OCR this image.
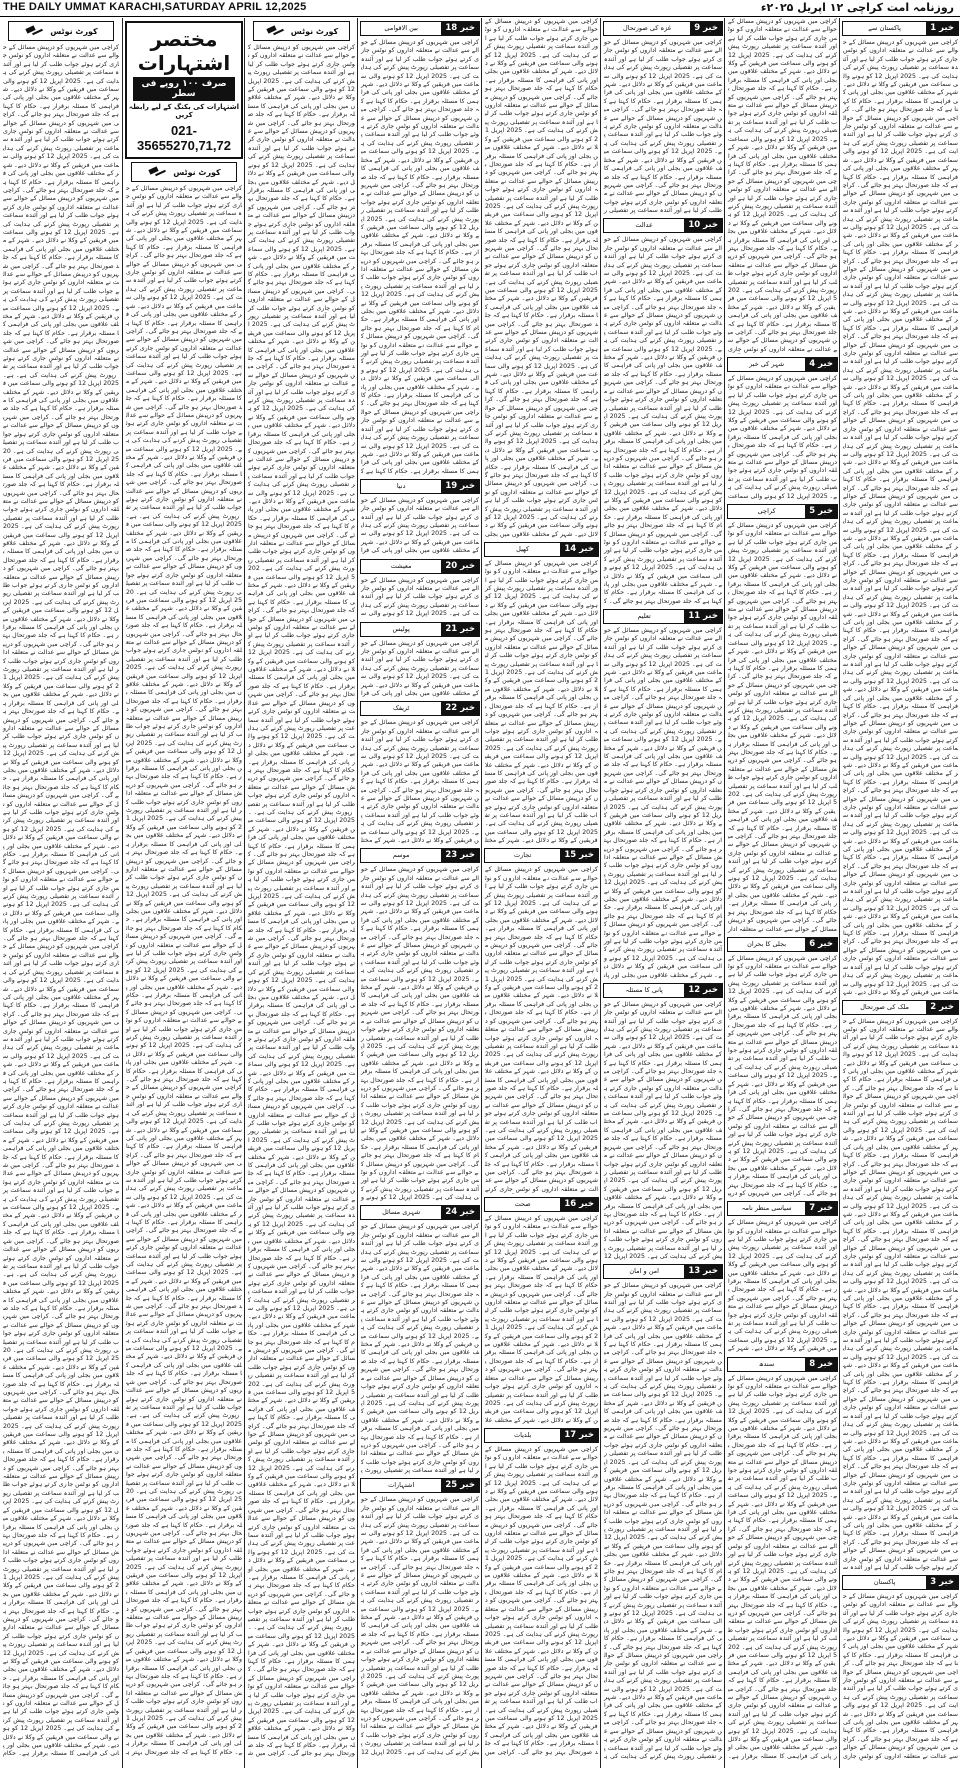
THE DAILY UMMAT KARACHI,SATURDAY APRIL 12,2025	روزنامہ امت کراچی ۱۲ اپریل ۲۰۲۵ء
کورٹ نوٹس
کراچی میں شہریوں کو درپیش مسائل کے حوالے سے عدالت نے متعلقہ اداروں کو نوٹس جاری کرتے ہوئے جواب طلب کر لیا ہے اور آئندہ سماعت پر تفصیلی رپورٹ پیش کرنے کی ہدایت کی ہے۔ 2025 اپریل 12 کو ہونے والی سماعت میں فریقین کے وکلا نے دلائل دیے۔ شہر کے مختلف علاقوں میں بجلی اور پانی کی فراہمی کا مسئلہ برقرار ہے۔ حکام کا کہنا ہے کہ جلد صورتحال بہتر ہو جائے گی۔ کراچی میں شہریوں کو درپیش مسائل کے حوالے سے عدالت نے متعلقہ اداروں کو نوٹس جاری کرتے ہوئے جواب طلب کر لیا ہے اور آئندہ سماعت پر تفصیلی رپورٹ پیش کرنے کی ہدایت کی ہے۔ 2025 اپریل 12 کو ہونے والی سماعت میں فریقین کے وکلا نے دلائل دیے۔ شہر کے مختلف علاقوں میں بجلی اور پانی کی فراہمی کا مسئلہ برقرار ہے۔ حکام کا کہنا ہے کہ جلد صورتحال بہتر ہو جائے گی۔ کراچی میں شہریوں کو درپیش مسائل کے حوالے سے عدالت نے متعلقہ اداروں کو نوٹس جاری کرتے ہوئے جواب طلب کر لیا ہے اور آئندہ سماعت پر تفصیلی رپورٹ پیش کرنے کی ہدایت کی ہے۔ 2025 اپریل 12 کو ہونے والی سماعت میں فریقین کے وکلا نے دلائل دیے۔ شہر کے مختلف علاقوں میں بجلی اور پانی کی فراہمی کا مسئلہ برقرار ہے۔ حکام کا کہنا ہے کہ جلد صورتحال بہتر ہو جائے گی۔ کراچی میں شہریوں کو درپیش مسائل کے حوالے سے عدالت نے متعلقہ اداروں کو نوٹس جاری کرتے ہوئے جواب طلب کر لیا ہے اور آئندہ سماعت پر تفصیلی رپورٹ پیش کرنے کی ہدایت کی ہے۔ 2025 اپریل 12 کو ہونے والی سماعت میں فریقین کے وکلا نے دلائل دیے۔ شہر کے مختلف علاقوں میں بجلی اور پانی کی فراہمی کا مسئلہ برقرار ہے۔ حکام کا کہنا ہے کہ جلد صورتحال بہتر ہو جائے گی۔ کراچی میں شہریوں کو درپیش مسائل کے حوالے سے عدالت نے متعلقہ اداروں کو نوٹس جاری کرتے ہوئے جواب طلب کر لیا ہے اور آئندہ سماعت پر تفصیلی رپورٹ پیش کرنے کی ہدایت کی ہے۔ 2025 اپریل 12 کو ہونے والی سماعت میں فریقین کے وکلا نے دلائل دیے۔ شہر کے مختلف علاقوں میں بجلی اور پانی کی فراہمی کا مسئلہ برقرار ہے۔ حکام کا کہنا ہے کہ جلد صورتحال بہتر ہو جائے گی۔ کراچی میں شہریوں کو درپیش مسائل کے حوالے سے عدالت نے متعلقہ اداروں کو نوٹس جاری کرتے ہوئے جواب طلب کر لیا ہے اور آئندہ سماعت پر تفصیلی رپورٹ پیش کرنے کی ہدایت کی ہے۔ 2025 اپریل 12 کو ہونے والی سماعت میں فریقین کے وکلا نے دلائل دیے۔ شہر کے مختلف علاقوں میں بجلی اور پانی کی فراہمی کا مسئلہ برقرار ہے۔ حکام کا کہنا ہے کہ جلد صورتحال بہتر ہو جائے گی۔ کراچی میں شہریوں کو درپیش مسائل کے حوالے سے عدالت نے متعلقہ اداروں کو نوٹس جاری کرتے ہوئے جواب طلب کر لیا ہے اور آئندہ سماعت پر تفصیلی رپورٹ پیش کرنے کی ہدایت کی ہے۔ 2025 اپریل 12 کو ہونے والی سماعت میں فریقین کے وکلا نے دلائل دیے۔ شہر کے مختلف علاقوں میں بجلی اور پانی کی فراہمی کا مسئلہ برقرار ہے۔ حکام کا کہنا ہے کہ جلد صورتحال بہتر ہو جائے گی۔ کراچی میں شہریوں کو درپیش مسائل کے حوالے سے عدالت نے متعلقہ اداروں کو نوٹس جاری کرتے ہوئے جواب طلب کر لیا ہے اور آئندہ سماعت پر تفصیلی رپورٹ پیش کرنے کی ہدایت کی ہے۔ 2025 اپریل 12 کو ہونے والی سماعت میں فریقین کے وکلا نے دلائل دیے۔ شہر کے مختلف علاقوں میں بجلی اور پانی کی فراہمی کا مسئلہ برقرار ہے۔ حکام کا کہنا ہے کہ جلد صورتحال بہتر ہو جائے گی۔ کراچی میں شہریوں کو درپیش مسائل کے حوالے سے عدالت نے متعلقہ اداروں کو نوٹس جاری کرتے ہوئے جواب طلب کر لیا ہے اور آئندہ سماعت پر تفصیلی رپورٹ پیش کرنے کی ہدایت کی ہے۔ 2025 اپریل 12 کو ہونے والی سماعت میں فریقین کے وکلا نے دلائل دیے۔ شہر کے مختلف علاقوں میں بجلی اور پانی کی فراہمی کا مسئلہ برقرار ہے۔ حکام کا کہنا ہے کہ جلد صورتحال بہتر ہو جائے گی۔ کراچی میں شہریوں کو درپیش مسائل کے حوالے سے عدالت نے متعلقہ اداروں کو نوٹس جاری کرتے ہوئے جواب طلب کر لیا ہے اور آئندہ سماعت پر تفصیلی رپورٹ پیش کرنے کی ہدایت کی ہے۔ 2025 اپریل 12 کو ہونے والی سماعت میں فریقین کے وکلا نے دلائل دیے۔ شہر کے مختلف علاقوں میں بجلی اور پانی کی فراہمی کا مسئلہ برقرار ہے۔ حکام کا کہنا ہے کہ جلد صورتحال بہتر ہو جائے گی۔ کراچی میں شہریوں کو درپیش مسائل کے حوالے سے عدالت نے متعلقہ اداروں کو نوٹس جاری کرتے ہوئے جواب طلب کر لیا ہے اور آئندہ سماعت پر تفصیلی رپورٹ پیش کرنے کی ہدایت کی ہے۔ 2025 اپریل 12 کو ہونے والی سماعت میں فریقین کے وکلا نے دلائل دیے۔ شہر کے مختلف علاقوں میں بجلی اور پانی کی فراہمی کا مسئلہ برقرار ہے۔ حکام کا کہنا ہے کہ جلد صورتحال بہتر ہو جائے گی۔ کراچی میں شہریوں کو درپیش مسائل کے حوالے سے عدالت نے متعلقہ اداروں کو نوٹس جاری کرتے ہوئے جواب طلب کر لیا ہے اور آئندہ سماعت پر تفصیلی رپورٹ پیش کرنے کی ہدایت کی ہے۔ 2025 اپریل 12 کو ہونے والی سماعت میں فریقین کے وکلا نے دلائل دیے۔ شہر کے مختلف علاقوں میں بجلی اور پانی کی فراہمی کا مسئلہ برقرار ہے۔ حکام کا کہنا ہے کہ جلد صورتحال بہتر ہو جائے گی۔ کراچی میں شہریوں کو درپیش مسائل کے حوالے سے عدالت نے متعلقہ اداروں کو نوٹس جاری کرتے ہوئے جواب طلب کر لیا ہے اور آئندہ سماعت پر تفصیلی رپورٹ پیش کرنے کی ہدایت کی ہے۔ 2025 اپریل 12 کو ہونے والی سماعت میں فریقین کے وکلا نے دلائل دیے۔ شہر کے مختلف علاقوں میں بجلی اور پانی کی فراہمی کا مسئلہ برقرار ہے۔ حکام کا کہنا ہے کہ جلد صورتحال بہتر ہو جائے گی۔ کراچی میں شہریوں کو درپیش مسائل کے حوالے سے عدالت نے متعلقہ اداروں کو نوٹس جاری کرتے ہوئے جواب طلب کر لیا ہے اور آئندہ سماعت پر تفصیلی رپورٹ پیش کرنے کی ہدایت کی ہے۔ 2025 اپریل 12 کو ہونے والی سماعت میں فریقین کے وکلا نے دلائل دیے۔ شہر کے مختلف علاقوں میں بجلی اور پانی کی فراہمی کا مسئلہ برقرار ہے۔ حکام کا کہنا ہے کہ جلد صورتحال بہتر ہو جائے گی۔ کراچی میں شہریوں کو درپیش مسائل کے حوالے سے عدالت نے متعلقہ اداروں کو نوٹس جاری کرتے ہوئے جواب طلب کر لیا ہے اور آئندہ سماعت پر تفصیلی رپورٹ پیش کرنے کی ہدایت کی ہے۔ 2025 اپریل 12 کو ہونے والی سماعت میں فریقین کے وکلا نے دلائل دیے۔ شہر کے مختلف علاقوں میں بجلی اور پانی کی فراہمی کا مسئلہ برقرار ہے۔ حکام کا کہنا ہے کہ جلد صورتحال بہتر ہو جائے گی۔ کراچی میں شہریوں کو درپیش مسائل کے حوالے سے عدالت نے متعلقہ اداروں کو نوٹس جاری کرتے ہوئے جواب طلب کر لیا ہے اور آئندہ سماعت پر تفصیلی رپورٹ پیش کرنے کی ہدایت کی ہے۔ 2025 اپریل 12 کو ہونے والی سماعت میں فریقین کے وکلا نے دلائل دیے۔ شہر کے مختلف علاقوں میں بجلی اور پانی کی فراہمی کا مسئلہ برقرار ہے۔ حکام کا کہنا ہے کہ جلد صورتحال بہتر ہو جائے گی۔ کراچی میں شہریوں کو درپیش مسائل کے حوالے سے عدالت نے متعلقہ اداروں کو نوٹس جاری کرتے ہوئے جواب طلب کر لیا ہے اور آئندہ سماعت پر تفصیلی رپورٹ پیش کرنے کی ہدایت کی ہے۔ 2025 اپریل 12 کو ہونے والی سماعت میں فریقین کے وکلا نے دلائل دیے۔ شہر کے مختلف علاقوں میں بجلی اور پانی کی فراہمی کا مسئلہ برقرار ہے۔ حکام کا کہنا ہے کہ جلد صورتحال بہتر ہو جائے گی۔ کراچی میں شہریوں کو درپیش مسائل کے حوالے سے عدالت نے متعلقہ اداروں کو نوٹس جاری کرتے ہوئے جواب طلب کر لیا ہے اور آئندہ سماعت پر تفصیلی رپورٹ پیش کرنے کی ہدایت کی ہے۔ 2025 اپریل 12 کو ہونے والی سماعت میں فریقین کے وکلا نے دلائل دیے۔ شہر کے مختلف علاقوں میں بجلی اور پانی کی فراہمی کا مسئلہ برقرار ہے۔ حکام کا کہنا ہے کہ جلد صورتحال بہتر ہو جائے گی۔ کراچی میں شہریوں کو درپیش مسائل کے حوالے سے عدالت نے متعلقہ اداروں کو نوٹس جاری کرتے ہوئے جواب طلب کر لیا ہے اور آئندہ سماعت پر تفصیلی رپورٹ پیش کرنے کی ہدایت کی ہے۔ 2025 اپریل 12 کو ہونے والی سماعت میں فریقین کے وکلا نے دلائل دیے۔ شہر کے مختلف علاقوں میں بجلی اور پانی کی فراہمی کا مسئلہ برقرار ہے۔ حکام کا کہنا ہے کہ جلد صورتحال بہتر ہو جائے گی۔ کراچی میں شہریوں کو درپیش مسائل کے حوالے سے عدالت نے متعلقہ اداروں کو نوٹس جاری کرتے ہوئے جواب طلب کر لیا ہے اور آئندہ سماعت پر تفصیلی رپورٹ پیش کرنے کی ہدایت کی ہے۔ 2025 اپریل 12 کو ہونے والی سماعت میں فریقین کے وکلا نے دلائل دیے۔ شہر کے مختلف علاقوں میں بجلی اور پانی کی فراہمی کا مسئلہ برقرار ہے۔ حکام کا کہنا ہے کہ جلد صورتحال بہتر ہو جائے گی۔ کراچی میں شہریوں کو درپیش مسائل کے حوالے سے عدالت نے متعلقہ اداروں کو نوٹس جاری کرتے ہوئے جواب طلب کر لیا ہے اور آئندہ سماعت پر تفصیلی رپورٹ پیش کرنے کی ہدایت کی ہے۔ 2025 اپریل 12 کو ہونے والی سماعت میں فریقین کے وکلا نے دلائل دیے۔ شہر کے مختلف علاقوں میں بجلی اور پانی کی فراہمی کا مسئلہ برقرار ہے۔ حکام کا کہنا ہے کہ جلد صورتحال بہتر ہو جائے گی۔ کراچی میں شہریوں کو درپیش مسائل کے حوالے سے عدالت نے متعلقہ اداروں کو نوٹس جاری کرتے ہوئے جواب طلب کر لیا ہے اور آئندہ سماعت پر تفصیلی رپورٹ پیش کرنے کی ہدایت کی ہے۔ 2025 اپریل 12 کو ہونے والی سماعت میں فریقین کے وکلا نے دلائل دیے۔ شہر کے مختلف علاقوں میں بجلی اور پانی کی فراہمی کا مسئلہ برقرار ہے۔ حکام کا کہنا ہے کہ جلد صورتحال بہتر ہو جائے گی۔ کراچی میں شہریوں کو درپیش مسائل کے حوالے سے عدالت نے متعلقہ اداروں کو نوٹس جاری کرتے ہوئے جواب طلب کر لیا ہے اور آئندہ سماعت پر تفصیلی رپورٹ پیش کرنے کی ہدایت کی ہے۔ 2025 اپریل 12 کو ہونے والی سماعت میں فریقین کے وکلا نے دلائل دیے۔ شہر کے مختلف علاقوں میں بجلی اور پانی کی فراہمی کا مسئلہ برقرار ہے۔ حکام
مختصر اشتہارات
صرف ۱۰۰ روپے فی سطر
اشتہارات کی بکنگ کے لیے رابطہ کریں
021-35655270,71,72
کورٹ نوٹس
کراچی میں شہریوں کو درپیش مسائل کے حوالے سے عدالت نے متعلقہ اداروں کو نوٹس جاری کرتے ہوئے جواب طلب کر لیا ہے اور آئندہ سماعت پر تفصیلی رپورٹ پیش کرنے کی ہدایت کی ہے۔ 2025 اپریل 12 کو ہونے والی سماعت میں فریقین کے وکلا نے دلائل دیے۔ شہر کے مختلف علاقوں میں بجلی اور پانی کی فراہمی کا مسئلہ برقرار ہے۔ حکام کا کہنا ہے کہ جلد صورتحال بہتر ہو جائے گی۔ کراچی میں شہریوں کو درپیش مسائل کے حوالے سے عدالت نے متعلقہ اداروں کو نوٹس جاری کرتے ہوئے جواب طلب کر لیا ہے اور آئندہ سماعت پر تفصیلی رپورٹ پیش کرنے کی ہدایت کی ہے۔ 2025 اپریل 12 کو ہونے والی سماعت میں فریقین کے وکلا نے دلائل دیے۔ شہر کے مختلف علاقوں میں بجلی اور پانی کی فراہمی کا مسئلہ برقرار ہے۔ حکام کا کہنا ہے کہ جلد صورتحال بہتر ہو جائے گی۔ کراچی میں شہریوں کو درپیش مسائل کے حوالے سے عدالت نے متعلقہ اداروں کو نوٹس جاری کرتے ہوئے جواب طلب کر لیا ہے اور آئندہ سماعت پر تفصیلی رپورٹ پیش کرنے کی ہدایت کی ہے۔ 2025 اپریل 12 کو ہونے والی سماعت میں فریقین کے وکلا نے دلائل دیے۔ شہر کے مختلف علاقوں میں بجلی اور پانی کی فراہمی کا مسئلہ برقرار ہے۔ حکام کا کہنا ہے کہ جلد صورتحال بہتر ہو جائے گی۔ کراچی میں شہریوں کو درپیش مسائل کے حوالے سے عدالت نے متعلقہ اداروں کو نوٹس جاری کرتے ہوئے جواب طلب کر لیا ہے اور آئندہ سماعت پر تفصیلی رپورٹ پیش کرنے کی ہدایت کی ہے۔ 2025 اپریل 12 کو ہونے والی سماعت میں فریقین کے وکلا نے دلائل دیے۔ شہر کے مختلف علاقوں میں بجلی اور پانی کی فراہمی کا مسئلہ برقرار ہے۔ حکام کا کہنا ہے کہ جلد صورتحال بہتر ہو جائے گی۔ کراچی میں شہریوں کو درپیش مسائل کے حوالے سے عدالت نے متعلقہ اداروں کو نوٹس جاری کرتے ہوئے جواب طلب کر لیا ہے اور آئندہ سماعت پر تفصیلی رپورٹ پیش کرنے کی ہدایت کی ہے۔ 2025 اپریل 12 کو ہونے والی سماعت میں فریقین کے وکلا نے دلائل دیے۔ شہر کے مختلف علاقوں میں بجلی اور پانی کی فراہمی کا مسئلہ برقرار ہے۔ حکام کا کہنا ہے کہ جلد صورتحال بہتر ہو جائے گی۔ کراچی میں شہریوں کو درپیش مسائل کے حوالے سے عدالت نے متعلقہ اداروں کو نوٹس جاری کرتے ہوئے جواب طلب کر لیا ہے اور آئندہ سماعت پر تفصیلی رپورٹ پیش کرنے کی ہدایت کی ہے۔ 2025 اپریل 12 کو ہونے والی سماعت میں فریقین کے وکلا نے دلائل دیے۔ شہر کے مختلف علاقوں میں بجلی اور پانی کی فراہمی کا مسئلہ برقرار ہے۔ حکام کا کہنا ہے کہ جلد صورتحال بہتر ہو جائے گی۔ کراچی میں شہریوں کو درپیش مسائل کے حوالے سے عدالت نے متعلقہ اداروں کو نوٹس جاری کرتے ہوئے جواب طلب کر لیا ہے اور آئندہ سماعت پر تفصیلی رپورٹ پیش کرنے کی ہدایت کی ہے۔ 2025 اپریل 12 کو ہونے والی سماعت میں فریقین کے وکلا نے دلائل دیے۔ شہر کے مختلف علاقوں میں بجلی اور پانی کی فراہمی کا مسئلہ برقرار ہے۔ حکام کا کہنا ہے کہ جلد صورتحال بہتر ہو جائے گی۔ کراچی میں شہریوں کو درپیش مسائل کے حوالے سے عدالت نے متعلقہ اداروں کو نوٹس جاری کرتے ہوئے جواب طلب کر لیا ہے اور آئندہ سماعت پر تفصیلی رپورٹ پیش کرنے کی ہدایت کی ہے۔ 2025 اپریل 12 کو ہونے والی سماعت میں فریقین کے وکلا نے دلائل دیے۔ شہر کے مختلف علاقوں میں بجلی اور پانی کی فراہمی کا مسئلہ برقرار ہے۔ حکام کا کہنا ہے کہ جلد صورتحال بہتر ہو جائے گی۔ کراچی میں شہریوں کو درپیش مسائل کے حوالے سے عدالت نے متعلقہ اداروں کو نوٹس جاری کرتے ہوئے جواب طلب کر لیا ہے اور آئندہ سماعت پر تفصیلی رپورٹ پیش کرنے کی ہدایت کی ہے۔ 2025 اپریل 12 کو ہونے والی سماعت میں فریقین کے وکلا نے دلائل دیے۔ شہر کے مختلف علاقوں میں بجلی اور پانی کی فراہمی کا مسئلہ برقرار ہے۔ حکام کا کہنا ہے کہ جلد صورتحال بہتر ہو جائے گی۔ کراچی میں شہریوں کو درپیش مسائل کے حوالے سے عدالت نے متعلقہ اداروں کو نوٹس جاری کرتے ہوئے جواب طلب کر لیا ہے اور آئندہ سماعت پر تفصیلی رپورٹ پیش کرنے کی ہدایت کی ہے۔ 2025 اپریل 12 کو ہونے والی سماعت میں فریقین کے وکلا نے دلائل دیے۔ شہر کے مختلف علاقوں میں بجلی اور پانی کی فراہمی کا مسئلہ برقرار ہے۔ حکام کا کہنا ہے کہ جلد صورتحال بہتر ہو جائے گی۔ کراچی میں شہریوں کو درپیش مسائل کے حوالے سے عدالت نے متعلقہ اداروں کو نوٹس جاری کرتے ہوئے جواب طلب کر لیا ہے اور آئندہ سماعت پر تفصیلی رپورٹ پیش کرنے کی ہدایت کی ہے۔ 2025 اپریل 12 کو ہونے والی سماعت میں فریقین کے وکلا نے دلائل دیے۔ شہر کے مختلف علاقوں میں بجلی اور پانی کی فراہمی کا مسئلہ برقرار ہے۔ حکام کا کہنا ہے کہ جلد صورتحال بہتر ہو جائے گی۔ کراچی میں شہریوں کو درپیش مسائل کے حوالے سے عدالت نے متعلقہ اداروں کو نوٹس جاری کرتے ہوئے جواب طلب کر لیا ہے اور آئندہ سماعت پر تفصیلی رپورٹ پیش کرنے کی ہدایت کی ہے۔ 2025 اپریل 12 کو ہونے والی سماعت میں فریقین کے وکلا نے دلائل دیے۔ شہر کے مختلف علاقوں میں بجلی اور پانی کی فراہمی کا مسئلہ برقرار ہے۔ حکام کا کہنا ہے کہ جلد صورتحال بہتر ہو جائے گی۔ کراچی میں شہریوں کو درپیش مسائل کے حوالے سے عدالت نے متعلقہ اداروں کو نوٹس جاری کرتے ہوئے جواب طلب کر لیا ہے اور آئندہ سماعت پر تفصیلی رپورٹ پیش کرنے کی ہدایت کی ہے۔ 2025 اپریل 12 کو ہونے والی سماعت میں فریقین کے وکلا نے دلائل دیے۔ شہر کے مختلف علاقوں میں بجلی اور پانی کی فراہمی کا مسئلہ برقرار ہے۔ حکام کا کہنا ہے کہ جلد صورتحال بہتر ہو جائے گی۔ کراچی میں شہریوں کو درپیش مسائل کے حوالے سے عدالت نے متعلقہ اداروں کو نوٹس جاری کرتے ہوئے جواب طلب کر لیا ہے اور آئندہ سماعت پر تفصیلی رپورٹ پیش کرنے کی ہدایت کی ہے۔ 2025 اپریل 12 کو ہونے والی سماعت میں فریقین کے وکلا نے دلائل دیے۔ شہر کے مختلف علاقوں میں بجلی اور پانی کی فراہمی کا مسئلہ برقرار ہے۔ حکام کا کہنا ہے کہ جلد صورتحال بہتر ہو جائے گی۔ کراچی میں شہریوں کو درپیش مسائل کے حوالے سے عدالت نے متعلقہ اداروں کو نوٹس جاری کرتے ہوئے جواب طلب کر لیا ہے اور آئندہ سماعت پر تفصیلی رپورٹ پیش کرنے کی ہدایت کی ہے۔ 2025 اپریل 12 کو ہونے والی سماعت میں فریقین کے وکلا نے دلائل دیے۔ شہر کے مختلف علاقوں میں بجلی اور پانی کی فراہمی کا مسئلہ برقرار ہے۔ حکام کا کہنا ہے کہ جلد صورتحال بہتر ہو جائے گی۔ کراچی میں شہریوں کو درپیش مسائل کے حوالے سے عدالت نے متعلقہ اداروں کو نوٹس جاری کرتے ہوئے جواب طلب کر لیا ہے اور آئندہ سماعت پر تفصیلی رپورٹ پیش کرنے کی ہدایت کی ہے۔ 2025 اپریل 12 کو ہونے والی سماعت میں فریقین کے وکلا نے دلائل دیے۔ شہر کے مختلف علاقوں میں بجلی اور پانی کی فراہمی کا مسئلہ برقرار ہے۔ حکام کا کہنا ہے کہ جلد صورتحال بہتر ہو جائے گی۔ کراچی میں شہریوں کو درپیش مسائل کے حوالے سے عدالت نے متعلقہ اداروں کو نوٹس جاری کرتے ہوئے جواب طلب کر لیا ہے اور آئندہ سماعت پر تفصیلی رپورٹ پیش کرنے کی ہدایت کی ہے۔ 2025 اپریل 12 کو ہونے والی سماعت میں فریقین کے وکلا نے دلائل دیے۔ شہر کے مختلف علاقوں میں بجلی اور پانی کی فراہمی کا مسئلہ برقرار ہے۔ حکام کا کہنا ہے کہ جلد صورتحال بہتر ہو جائے گی۔ کراچی میں شہریوں کو درپیش مسائل کے حوالے سے عدالت نے متعلقہ اداروں کو نوٹس جاری کرتے ہوئے جواب طلب کر لیا ہے اور آئندہ سماعت پر تفصیلی رپورٹ پیش کرنے کی ہدایت کی ہے۔ 2025 اپریل 12 کو ہونے والی سماعت میں فریقین کے وکلا نے دلائل دیے۔ شہر کے مختلف علاقوں میں بجلی اور پانی کی فراہمی کا مسئلہ برقرار ہے۔ حکام کا کہنا ہے کہ جلد صورتحال بہتر ہو جائے گی۔ کراچی میں شہریوں کو درپیش مسائل کے حوالے سے عدالت نے متعلقہ اداروں کو نوٹس جاری کرتے ہوئے جواب طلب کر لیا ہے اور آئندہ سماعت پر تفصیلی رپورٹ پیش کرنے کی ہدایت کی ہے۔ 2025 اپریل 12 کو ہونے والی سماعت میں فریقین کے وکلا نے دلائل دیے۔ شہر کے مختلف علاقوں میں بجلی اور پانی کی فراہمی کا مسئلہ برقرار ہے۔ حکام کا کہنا ہے کہ جلد صورتحال بہتر ہو جائے گی۔ کراچی میں شہریوں کو درپیش مسائل کے حوالے سے عدالت نے متعلقہ اداروں کو نوٹس جاری کرتے ہوئے جواب طلب کر لیا ہے اور آئندہ سماعت پر تفصیلی رپورٹ پیش کرنے کی ہدایت کی ہے۔ 2025 اپریل 12 کو ہونے والی سماعت میں فریقین کے وکلا نے دلائل دیے۔ شہر کے مختلف علاقوں میں بجلی اور پانی کی فراہمی کا مسئلہ برقرار ہے۔ حکام کا کہنا ہے کہ جلد صورتحال بہتر ہو جائے گی۔ کراچی میں شہریوں کو درپیش مسائل کے حوالے سے عدالت نے متعلقہ اداروں کو نوٹس جاری کرتے ہوئے جواب طلب کر لیا ہے اور آئندہ سماعت پر تفصیلی رپورٹ پیش کرنے کی ہدایت کی ہے۔ 2025 اپریل 12 کو ہونے والی سماعت میں فریقین کے وکلا نے دلائل دیے۔ شہر کے مختلف علاقوں میں بجلی اور پانی کی فراہمی کا مسئلہ برقرار ہے۔ حکام کا کہنا ہے کہ جلد صورتحال بہتر ہ
کورٹ نوٹس
کراچی میں شہریوں کو درپیش مسائل کے حوالے سے عدالت نے متعلقہ اداروں کو نوٹس جاری کرتے ہوئے جواب طلب کر لیا ہے اور آئندہ سماعت پر تفصیلی رپورٹ پیش کرنے کی ہدایت کی ہے۔ 2025 اپریل 12 کو ہونے والی سماعت میں فریقین کے وکلا نے دلائل دیے۔ شہر کے مختلف علاقوں میں بجلی اور پانی کی فراہمی کا مسئلہ برقرار ہے۔ حکام کا کہنا ہے کہ جلد صورتحال بہتر ہو جائے گی۔ کراچی میں شہریوں کو درپیش مسائل کے حوالے سے عدالت نے متعلقہ اداروں کو نوٹس جاری کرتے ہوئے جواب طلب کر لیا ہے اور آئندہ سماعت پر تفصیلی رپورٹ پیش کرنے کی ہدایت کی ہے۔ 2025 اپریل 12 کو ہونے والی سماعت میں فریقین کے وکلا نے دلائل دیے۔ شہر کے مختلف علاقوں میں بجلی اور پانی کی فراہمی کا مسئلہ برقرار ہے۔ حکام کا کہنا ہے کہ جلد صورتحال بہتر ہو جائے گی۔ کراچی میں شہریوں کو درپیش مسائل کے حوالے سے عدالت نے متعلقہ اداروں کو نوٹس جاری کرتے ہوئے جواب طلب کر لیا ہے اور آئندہ سماعت پر تفصیلی رپورٹ پیش کرنے کی ہدایت کی ہے۔ 2025 اپریل 12 کو ہونے والی سماعت میں فریقین کے وکلا نے دلائل دیے۔ شہر کے مختلف علاقوں میں بجلی اور پانی کی فراہمی کا مسئلہ برقرار ہے۔ حکام کا کہنا ہے کہ جلد صورتحال بہتر ہو جائے گی۔ کراچی میں شہریوں کو درپیش مسائل کے حوالے سے عدالت نے متعلقہ اداروں کو نوٹس جاری کرتے ہوئے جواب طلب کر لیا ہے اور آئندہ سماعت پر تفصیلی رپورٹ پیش کرنے کی ہدایت کی ہے۔ 2025 اپریل 12 کو ہونے والی سماعت میں فریقین کے وکلا نے دلائل دیے۔ شہر کے مختلف علاقوں میں بجلی اور پانی کی فراہمی کا مسئلہ برقرار ہے۔ حکام کا کہنا ہے کہ جلد صورتحال بہتر ہو جائے گی۔ کراچی میں شہریوں کو درپیش مسائل کے حوالے سے عدالت نے متعلقہ اداروں کو نوٹس جاری کرتے ہوئے جواب طلب کر لیا ہے اور آئندہ سماعت پر تفصیلی رپورٹ پیش کرنے کی ہدایت کی ہے۔ 2025 اپریل 12 کو ہونے والی سماعت میں فریقین کے وکلا نے دلائل دیے۔ شہر کے مختلف علاقوں میں بجلی اور پانی کی فراہمی کا مسئلہ برقرار ہے۔ حکام کا کہنا ہے کہ جلد صورتحال بہتر ہو جائے گی۔ کراچی میں شہریوں کو درپیش مسائل کے حوالے سے عدالت نے متعلقہ اداروں کو نوٹس جاری کرتے ہوئے جواب طلب کر لیا ہے اور آئندہ سماعت پر تفصیلی رپورٹ پیش کرنے کی ہدایت کی ہے۔ 2025 اپریل 12 کو ہونے والی سماعت میں فریقین کے وکلا نے دلائل دیے۔ شہر کے مختلف علاقوں میں بجلی اور پانی کی فراہمی کا مسئلہ برقرار ہے۔ حکام کا کہنا ہے کہ جلد صورتحال بہتر ہو جائے گی۔ کراچی میں شہریوں کو درپیش مسائل کے حوالے سے عدالت نے متعلقہ اداروں کو نوٹس جاری کرتے ہوئے جواب طلب کر لیا ہے اور آئندہ سماعت پر تفصیلی رپورٹ پیش کرنے کی ہدایت کی ہے۔ 2025 اپریل 12 کو ہونے والی سماعت میں فریقین کے وکلا نے دلائل دیے۔ شہر کے مختلف علاقوں میں بجلی اور پانی کی فراہمی کا مسئلہ برقرار ہے۔ حکام کا کہنا ہے کہ جلد صورتحال بہتر ہو جائے گی۔ کراچی میں شہریوں کو درپیش مسائل کے حوالے سے عدالت نے متعلقہ اداروں کو نوٹس جاری کرتے ہوئے جواب طلب کر لیا ہے اور آئندہ سماعت پر تفصیلی رپورٹ پیش کرنے کی ہدایت کی ہے۔ 2025 اپریل 12 کو ہونے والی سماعت میں فریقین کے وکلا نے دلائل دیے۔ شہر کے مختلف علاقوں میں بجلی اور پانی کی فراہمی کا مسئلہ برقرار ہے۔ حکام کا کہنا ہے کہ جلد صورتحال بہتر ہو جائے گی۔ کراچی میں شہریوں کو درپیش مسائل کے حوالے سے عدالت نے متعلقہ اداروں کو نوٹس جاری کرتے ہوئے جواب طلب کر لیا ہے اور آئندہ سماعت پر تفصیلی رپورٹ پیش کرنے کی ہدایت کی ہے۔ 2025 اپریل 12 کو ہونے والی سماعت میں فریقین کے وکلا نے دلائل دیے۔ شہر کے مختلف علاقوں میں بجلی اور پانی کی فراہمی کا مسئلہ برقرار ہے۔ حکام کا کہنا ہے کہ جلد صورتحال بہتر ہو جائے گی۔ کراچی میں شہریوں کو درپیش مسائل کے حوالے سے عدالت نے متعلقہ اداروں کو نوٹس جاری کرتے ہوئے جواب طلب کر لیا ہے اور آئندہ سماعت پر تفصیلی رپورٹ پیش کرنے کی ہدایت کی ہے۔ 2025 اپریل 12 کو ہونے والی سماعت میں فریقین کے وکلا نے دلائل دیے۔ شہر کے مختلف علاقوں میں بجلی اور پانی کی فراہمی کا مسئلہ برقرار ہے۔ حکام کا کہنا ہے کہ جلد صورتحال بہتر ہو جائے گی۔ کراچی میں شہریوں کو درپیش مسائل کے حوالے سے عدالت نے متعلقہ اداروں کو نوٹس جاری کرتے ہوئے جواب طلب کر لیا ہے اور آئندہ سماعت پر تفصیلی رپورٹ پیش کرنے کی ہدایت کی ہے۔ 2025 اپریل 12 کو ہونے والی سماعت میں فریقین کے وکلا نے دلائل دیے۔ شہر کے مختلف علاقوں میں بجلی اور پانی کی فراہمی کا مسئلہ برقرار ہے۔ حکام کا کہنا ہے کہ جلد صورتحال بہتر ہو جائے گی۔ کراچی میں شہریوں کو درپیش مسائل کے حوالے سے عدالت نے متعلقہ اداروں کو نوٹس جاری کرتے ہوئے جواب طلب کر لیا ہے اور آئندہ سماعت پر تفصیلی رپورٹ پیش کرنے کی ہدایت کی ہے۔ 2025 اپریل 12 کو ہونے والی سماعت میں فریقین کے وکلا نے دلائل دیے۔ شہر کے مختلف علاقوں میں بجلی اور پانی کی فراہمی کا مسئلہ برقرار ہے۔ حکام کا کہنا ہے کہ جلد صورتحال بہتر ہو جائے گی۔ کراچی میں شہریوں کو درپیش مسائل کے حوالے سے عدالت نے متعلقہ اداروں کو نوٹس جاری کرتے ہوئے جواب طلب کر لیا ہے اور آئندہ سماعت پر تفصیلی رپورٹ پیش کرنے کی ہدایت کی ہے۔ 2025 اپریل 12 کو ہونے والی سماعت میں فریقین کے وکلا نے دلائل دیے۔ شہر کے مختلف علاقوں میں بجلی اور پانی کی فراہمی کا مسئلہ برقرار ہے۔ حکام کا کہنا ہے کہ جلد صورتحال بہتر ہو جائے گی۔ کراچی میں شہریوں کو درپیش مسائل کے حوالے سے عدالت نے متعلقہ اداروں کو نوٹس جاری کرتے ہوئے جواب طلب کر لیا ہے اور آئندہ سماعت پر تفصیلی رپورٹ پیش کرنے کی ہدایت کی ہے۔ 2025 اپریل 12 کو ہونے والی سماعت میں فریقین کے وکلا نے دلائل دیے۔ شہر کے مختلف علاقوں میں بجلی اور پانی کی فراہمی کا مسئلہ برقرار ہے۔ حکام کا کہنا ہے کہ جلد صورتحال بہتر ہو جائے گی۔ کراچی میں شہریوں کو درپیش مسائل کے حوالے سے عدالت نے متعلقہ اداروں کو نوٹس جاری کرتے ہوئے جواب طلب کر لیا ہے اور آئندہ سماعت پر تفصیلی رپورٹ پیش کرنے کی ہدایت کی ہے۔ 2025 اپریل 12 کو ہونے والی سماعت میں فریقین کے وکلا نے دلائل دیے۔ شہر کے مختلف علاقوں میں بجلی اور پانی کی فراہمی کا مسئلہ برقرار ہے۔ حکام کا کہنا ہے کہ جلد صورتحال بہتر ہو جائے گی۔ کراچی میں شہریوں کو درپیش مسائل کے حوالے سے عدالت نے متعلقہ اداروں کو نوٹس جاری کرتے ہوئے جواب طلب کر لیا ہے اور آئندہ سماعت پر تفصیلی رپورٹ پیش کرنے کی ہدایت کی ہے۔ 2025 اپریل 12 کو ہونے والی سماعت میں فریقین کے وکلا نے دلائل دیے۔ شہر کے مختلف علاقوں میں بجلی اور پانی کی فراہمی کا مسئلہ برقرار ہے۔ حکام کا کہنا ہے کہ جلد صورتحال بہتر ہو جائے گی۔ کراچی میں شہریوں کو درپیش مسائل کے حوالے سے عدالت نے متعلقہ اداروں کو نوٹس جاری کرتے ہوئے جواب طلب کر لیا ہے اور آئندہ سماعت پر تفصیلی رپورٹ پیش کرنے کی ہدایت کی ہے۔ 2025 اپریل 12 کو ہونے والی سماعت میں فریقین کے وکلا نے دلائل دیے۔ شہر کے مختلف علاقوں میں بجلی اور پانی کی فراہمی کا مسئلہ برقرار ہے۔ حکام کا کہنا ہے کہ جلد صورتحال بہتر ہو جائے گی۔ کراچی میں شہریوں کو درپیش مسائل کے حوالے سے عدالت نے متعلقہ اداروں کو نوٹس جاری کرتے ہوئے جواب طلب کر لیا ہے اور آئندہ سماعت پر تفصیلی رپورٹ پیش کرنے کی ہدایت کی ہے۔ 2025 اپریل 12 کو ہونے والی سماعت میں فریقین کے وکلا نے دلائل دیے۔ شہر کے مختلف علاقوں میں بجلی اور پانی کی فراہمی کا مسئلہ برقرار ہے۔ حکام کا کہنا ہے کہ جلد صورتحال بہتر ہو جائے گی۔ کراچی میں شہریوں کو درپیش مسائل کے حوالے سے عدالت نے متعلقہ اداروں کو نوٹس جاری کرتے ہوئے جواب طلب کر لیا ہے اور آئندہ سماعت پر تفصیلی رپورٹ پیش کرنے کی ہدایت کی ہے۔ 2025 اپریل 12 کو ہونے والی سماعت میں فریقین کے وکلا نے دلائل دیے۔ شہر کے مختلف علاقوں میں بجلی اور پانی کی فراہمی کا مسئلہ برقرار ہے۔ حکام کا کہنا ہے کہ جلد صورتحال بہتر ہو جائے گی۔ کراچی میں شہریوں کو درپیش مسائل کے حوالے سے عدالت نے متعلقہ اداروں کو نوٹس جاری کرتے ہوئے جواب طلب کر لیا ہے اور آئندہ سماعت پر تفصیلی رپورٹ پیش کرنے کی ہدایت کی ہے۔ 2025 اپریل 12 کو ہونے والی سماعت میں فریقین کے وکلا نے دلائل دیے۔ شہر کے مختلف علاقوں میں بجلی اور پانی کی فراہمی کا مسئلہ برقرار ہے۔ حکام کا کہنا ہے کہ جلد صورتحال بہتر ہو جائے گی۔ کراچی میں شہریوں کو درپیش مسائل کے حوالے سے عدالت نے متعلقہ اداروں کو نوٹس جاری کرتے ہوئے جواب طلب کر لیا ہے اور آئندہ سماعت پر تفصیلی رپورٹ پیش کرنے کی ہدایت کی ہے۔ 2025 اپریل 12 کو ہونے والی سماعت میں فریقین کے وکلا نے دلائل دیے۔ شہر کے مختلف علاقوں میں بجلی اور پانی کی فراہمی کا مسئلہ برقرار ہے۔ حکام کا کہنا ہے کہ جلد صورتحال بہتر ہو جائے گی۔ کراچی میں ش
خبر 18
بین الاقوامی
کراچی میں شہریوں کو درپیش مسائل کے حوالے سے عدالت نے متعلقہ اداروں کو نوٹس جاری کرتے ہوئے جواب طلب کر لیا ہے اور آئندہ سماعت پر تفصیلی رپورٹ پیش کرنے کی ہدایت کی ہے۔ 2025 اپریل 12 کو ہونے والی سماعت میں فریقین کے وکلا نے دلائل دیے۔ شہر کے مختلف علاقوں میں بجلی اور پانی کی فراہمی کا مسئلہ برقرار ہے۔ حکام کا کہنا ہے کہ جلد صورتحال بہتر ہو جائے گی۔ کراچی میں شہریوں کو درپیش مسائل کے حوالے سے عدالت نے متعلقہ اداروں کو نوٹس جاری کرتے ہوئے جواب طلب کر لیا ہے اور آئندہ سماعت پر تفصیلی رپورٹ پیش کرنے کی ہدایت کی ہے۔ 2025 اپریل 12 کو ہونے والی سماعت میں فریقین کے وکلا نے دلائل دیے۔ شہر کے مختلف علاقوں میں بجلی اور پانی کی فراہمی کا مسئلہ برقرار ہے۔ حکام کا کہنا ہے کہ جلد صورتحال بہتر ہو جائے گی۔ کراچی میں شہریوں کو درپیش مسائل کے حوالے سے عدالت نے متعلقہ اداروں کو نوٹس جاری کرتے ہوئے جواب طلب کر لیا ہے اور آئندہ سماعت پر تفصیلی رپورٹ پیش کرنے کی ہدایت کی ہے۔ 2025 اپریل 12 کو ہونے والی سماعت میں فریقین کے وکلا نے دلائل دیے۔ شہر کے مختلف علاقوں میں بجلی اور پانی کی فراہمی کا مسئلہ برقرار ہے۔ حکام کا کہنا ہے کہ جلد صورتحال بہتر ہو جائے گی۔ کراچی میں شہریوں کو درپیش مسائل کے حوالے سے عدالت نے متعلقہ اداروں کو نوٹس جاری کرتے ہوئے جواب طلب کر لیا ہے اور آئندہ سماعت پر تفصیلی رپورٹ پیش کرنے کی ہدایت کی ہے۔ 2025 اپریل 12 کو ہونے والی سماعت میں فریقین کے وکلا نے دلائل دیے۔ شہر کے مختلف علاقوں میں بجلی اور پانی کی فراہمی کا مسئلہ برقرار ہے۔ حکام کا کہنا ہے کہ جلد صورتحال بہتر ہو جائے گی۔ کراچی میں شہریوں کو درپیش مسائل کے حوالے سے عدالت نے متعلقہ اداروں کو نوٹس جاری کرتے ہوئے جواب طلب کر لیا ہے اور آئندہ سماعت پر تفصیلی رپورٹ پیش کرنے کی ہدایت کی ہے۔ 2025 اپریل 12 کو ہونے والی سماعت میں فریقین کے وکلا نے دلائل دیے۔ شہر کے مختلف علاقوں میں بجلی اور پانی کی فراہمی کا مسئلہ برقرار ہے۔ حکام کا کہنا ہے کہ جلد صورتحال بہتر ہو جائے گی۔ کراچی میں شہریوں کو درپیش مسائل کے حوالے سے عدالت نے متعلقہ اداروں کو نوٹس جاری کرتے ہوئے جواب طلب کر لیا ہے اور آئندہ سماعت پر تفصیلی رپورٹ پیش کرنے کی ہدایت کی ہے۔ 2025 اپریل 12 کو ہونے والی سماعت میں فریقین کے وکلا نے دلائل دیے۔ شہر کے مختلف علاقوں میں بجلی اور پانی کی فراہمی کا مسئلہ برقرار ہے۔ حکام کا کہنا ہے ک
خبر 19
دنیا
کراچی میں شہریوں کو درپیش مسائل کے حوالے سے عدالت نے متعلقہ اداروں کو نوٹس جاری کرتے ہوئے جواب طلب کر لیا ہے اور آئندہ سماعت پر تفصیلی رپورٹ پیش کرنے کی ہدایت کی ہے۔ 2025 اپریل 12 کو ہونے والی سماعت میں فریقین کے وکلا نے دلائل دیے۔ شہر کے مختلف علاقوں میں بجلی اور پانی کی فرا
خبر 20
معیشت
کراچی میں شہریوں کو درپیش مسائل کے حوالے سے عدالت نے متعلقہ اداروں کو نوٹس جاری کرتے ہوئے جواب طلب کر لیا ہے اور آئندہ سماعت پر تفصیلی رپورٹ پیش کرنے کی ہدایت کی ہے۔ 2025 اپریل 12 کو ہونے والی س
خبر 21
پولیس
کراچی میں شہریوں کو درپیش مسائل کے حوالے سے عدالت نے متعلقہ اداروں کو نوٹس جاری کرتے ہوئے جواب طلب کر لیا ہے اور آئندہ سماعت پر تفصیلی رپورٹ پیش کرنے کی ہدایت کی ہے۔ 2025 اپریل 12 کو ہونے والی سماعت میں فریقین کے وکلا نے دلائل دیے۔ شہر کے مختلف علاقوں میں بجلی اور پانی کی فرا
خبر 22
ٹریفک
کراچی میں شہریوں کو درپیش مسائل کے حوالے سے عدالت نے متعلقہ اداروں کو نوٹس جاری کرتے ہوئے جواب طلب کر لیا ہے اور آئندہ سماعت پر تفصیلی رپورٹ پیش کرنے کی ہدایت کی ہے۔ 2025 اپریل 12 کو ہونے والی سماعت میں فریقین کے وکلا نے دلائل دیے۔ شہر کے مختلف علاقوں میں بجلی اور پانی کی فراہمی کا مسئلہ برقرار ہے۔ حکام کا کہنا ہے کہ جلد صورتحال بہتر ہو جائے گی۔ کراچی میں شہریوں کو درپیش مسائل کے حوالے سے عدالت نے متعلقہ اداروں کو نوٹس جاری کرتے ہوئے جواب طلب کر لیا ہے اور آئندہ سماعت پر تفصیلی رپورٹ پیش کرنے کی ہدایت کی ہے۔ 2025 اپریل 12 کو ہونے والی سماعت میں فریقین کے وکلا نے دلائل دیے۔ شہر کے مختل
خبر 23
موسم
کراچی میں شہریوں کو درپیش مسائل کے حوالے سے عدالت نے متعلقہ اداروں کو نوٹس جاری کرتے ہوئے جواب طلب کر لیا ہے اور آئندہ سماعت پر تفصیلی رپورٹ پیش کرنے کی ہدایت کی ہے۔ 2025 اپریل 12 کو ہونے والی سماعت میں فریقین کے وکلا نے دلائل دیے۔ شہر کے مختلف علاقوں میں بجلی اور پانی کی فراہمی کا مسئلہ برقرار ہے۔ حکام کا کہنا ہے کہ جلد صورتحال بہتر ہو جائے گی۔ کراچی میں شہریوں کو درپیش مسائل کے حوالے سے عدالت نے متعلقہ اداروں کو نوٹس جاری کرتے ہوئے جواب طلب کر لیا ہے اور آئندہ سماعت پر تفصیلی رپورٹ پیش کرنے کی ہدایت کی ہے۔ 2025 اپریل 12 کو ہونے والی سماعت میں فریقین کے وکلا نے دلائل دیے۔ شہر کے مختلف علاقوں میں بجلی اور پانی کی فراہمی کا مسئلہ برقرار ہے۔ حکام کا کہنا ہے کہ جلد صورتحال بہتر ہو جائے گی۔ کراچی میں شہریوں کو درپیش مسائل کے حوالے سے عدالت نے متعلقہ اداروں کو نوٹس جاری کرتے ہوئے جواب طلب کر لیا ہے اور آئندہ سماعت پر تفصیلی رپورٹ پیش کرنے کی ہدایت کی ہے۔ 2025 اپریل 12 کو ہونے والی سماعت میں فریقین کے وکلا نے دلائل دیے۔ شہر کے مختلف علاقوں میں بجلی اور پانی کی فراہمی کا مسئلہ برقرار ہے۔ حکام کا کہنا ہے کہ جلد صورتحال بہتر ہو جائے گی۔ کراچی میں شہریوں کو درپیش مسائل کے حوالے سے عدالت نے متعلقہ اداروں کو نوٹس جاری کرتے ہوئے جواب طلب کر لیا ہے اور آئندہ سماعت پر تفصیلی رپورٹ پیش کرنے کی ہدایت کی ہے۔ 2025 اپریل 12 کو ہونے والی سماعت میں فریقین کے وکلا نے دلائل دیے۔ شہر کے مختلف علاقوں میں بجلی اور پانی کی فراہمی کا مسئلہ برقرار ہے۔ حکام کا کہنا ہے کہ جلد صورتحال بہتر ہو جائے گی۔ کراچی میں شہریوں کو درپیش مسائل کے حوالے سے عدالت نے متعلقہ اداروں کو نوٹس جاری کرتے ہوئے جواب طلب کر لیا ہے اور آئندہ سماعت پر تفصیلی رپورٹ پیش کرنے کی ہدایت کی ہے۔ 2025 اپریل 12 کو ہونے و
خبر 24
شہری مسائل
کراچی میں شہریوں کو درپیش مسائل کے حوالے سے عدالت نے متعلقہ اداروں کو نوٹس جاری کرتے ہوئے جواب طلب کر لیا ہے اور آئندہ سماعت پر تفصیلی رپورٹ پیش کرنے کی ہدایت کی ہے۔ 2025 اپریل 12 کو ہونے والی سماعت میں فریقین کے وکلا نے دلائل دیے۔ شہر کے مختلف علاقوں میں بجلی اور پانی کی فراہمی کا مسئلہ برقرار ہے۔ حکام کا کہنا ہے کہ جلد صورتحال بہتر ہو جائے گی۔ کراچی میں شہریوں کو درپیش مسائل کے حوالے سے عدالت نے متعلقہ اداروں کو نوٹس جاری کرتے ہوئے جواب طلب کر لیا ہے اور آئندہ سماعت پر تفصیلی رپورٹ پیش کرنے کی ہدایت کی ہے۔ 2025 اپریل 12 کو ہونے والی سماعت میں فریقین کے وکلا نے دلائل دیے۔ شہر کے مختلف علاقوں میں بجلی اور پانی کی فراہمی کا مسئلہ برقرار ہے۔ حکام کا کہنا ہے کہ جلد صورتحال بہتر ہو جائے گی۔ کراچی میں شہریوں کو درپیش مسائل کے حوالے سے عدالت نے متعلقہ اداروں کو نوٹس جاری کرتے ہوئے جواب طلب کر لیا ہے اور آئندہ سماعت پر تفصیلی رپورٹ پیش کرنے کی ہدایت کی ہے۔ 2025 اپریل 12 کو ہونے والی سماعت میں فریقین کے وکلا نے دلائل دیے۔ شہر کے مختلف علاقوں میں بجلی اور پانی کی فراہمی کا مسئلہ برقرار ہے۔ حکام کا کہنا ہے کہ جلد صورتحال بہتر ہو جائے گی۔ کراچی میں شہریوں کو درپیش مسائل کے حوالے سے عدالت نے متعلقہ اداروں کو نوٹس جاری کرتے ہوئے جواب طلب کر لیا ہے اور آئندہ سماعت پر تفصیلی رپورٹ پ
خبر 25
اشتہارات
کراچی میں شہریوں کو درپیش مسائل کے حوالے سے عدالت نے متعلقہ اداروں کو نوٹس جاری کرتے ہوئے جواب طلب کر لیا ہے اور آئندہ سماعت پر تفصیلی رپورٹ پیش کرنے کی ہدایت کی ہے۔ 2025 اپریل 12 کو ہونے والی سماعت میں فریقین کے وکلا نے دلائل دیے۔ شہر کے مختلف علاقوں میں بجلی اور پانی کی فراہمی کا مسئلہ برقرار ہے۔ حکام کا کہنا ہے کہ جلد صورتحال بہتر ہو جائے گی۔ کراچی میں شہریوں کو درپیش مسائل کے حوالے سے عدالت نے متعلقہ اداروں کو نوٹس جاری کرتے ہوئے جواب طلب کر لیا ہے اور آئندہ سماعت پر تفصیلی رپورٹ پیش کرنے کی ہدایت کی ہے۔ 2025 اپریل 12 کو ہونے والی سماعت میں فریقین کے وکلا نے دلائل دیے۔ شہر کے مختلف علاقوں میں بجلی اور پانی کی فراہمی کا مسئلہ برقرار ہے۔ حکام کا کہنا ہے کہ جلد صورتحال بہتر ہو جائے گی۔ کراچی میں شہریوں کو درپیش مسائل کے حوالے سے عدالت نے متعلقہ اداروں کو نوٹس جاری کرتے ہوئے جواب طلب کر لیا ہے اور آئندہ سماعت پر تفصیلی رپورٹ پیش کرنے کی ہدایت کی ہے۔ 2025 اپریل 12 کو ہونے والی سماعت میں فریقین کے وکلا نے دلائل دیے۔ شہر کے مختلف علاقوں میں بجلی اور پانی کی فراہمی کا مسئلہ برقرار ہے۔ حکام کا کہنا ہے کہ جلد صورتحال بہتر ہو جائے گی۔ کراچی میں شہریوں کو درپیش مسائل کے حوالے سے عدالت نے متعلقہ اداروں کو نوٹس جاری کرتے ہوئے جواب طلب کر لیا ہے اور آئندہ سماعت پر تفصیلی رپورٹ پیش کرنے کی ہدایت کی ہے۔ 2025 اپریل 12
کراچی میں شہریوں کو درپیش مسائل کے حوالے سے عدالت نے متعلقہ اداروں کو نوٹس جاری کرتے ہوئے جواب طلب کر لیا ہے اور آئندہ سماعت پر تفصیلی رپورٹ پیش کرنے کی ہدایت کی ہے۔ 2025 اپریل 12 کو ہونے والی سماعت میں فریقین کے وکلا نے دلائل دیے۔ شہر کے مختلف علاقوں میں بجلی اور پانی کی فراہمی کا مسئلہ برقرار ہے۔ حکام کا کہنا ہے کہ جلد صورتحال بہتر ہو جائے گی۔ کراچی میں شہریوں کو درپیش مسائل کے حوالے سے عدالت نے متعلقہ اداروں کو نوٹس جاری کرتے ہوئے جواب طلب کر لیا ہے اور آئندہ سماعت پر تفصیلی رپورٹ پیش کرنے کی ہدایت کی ہے۔ 2025 اپریل 12 کو ہونے والی سماعت میں فریقین کے وکلا نے دلائل دیے۔ شہر کے مختلف علاقوں میں بجلی اور پانی کی فراہمی کا مسئلہ برقرار ہے۔ حکام کا کہنا ہے کہ جلد صورتحال بہتر ہو جائے گی۔ کراچی میں شہریوں کو درپیش مسائل کے حوالے سے عدالت نے متعلقہ اداروں کو نوٹس جاری کرتے ہوئے جواب طلب کر لیا ہے اور آئندہ سماعت پر تفصیلی رپورٹ پیش کرنے کی ہدایت کی ہے۔ 2025 اپریل 12 کو ہونے والی سماعت میں فریقین کے وکلا نے دلائل دیے۔ شہر کے مختلف علاقوں میں بجلی اور پانی کی فراہمی کا مسئلہ برقرار ہے۔ حکام کا کہنا ہے کہ جلد صورتحال بہتر ہو جائے گی۔ کراچی میں شہریوں کو درپیش مسائل کے حوالے سے عدالت نے متعلقہ اداروں کو نوٹس جاری کرتے ہوئے جواب طلب کر لیا ہے اور آئندہ سماعت پر تفصیلی رپورٹ پیش کرنے کی ہدایت کی ہے۔ 2025 اپریل 12 کو ہونے والی سماعت میں فریقین کے وکلا نے دلائل دیے۔ شہر کے مختلف علاقوں میں بجلی اور پانی کی فراہمی کا مسئلہ برقرار ہے۔ حکام کا کہنا ہے کہ جلد صورتحال بہتر ہو جائے گی۔ کراچی میں شہریوں کو درپیش مسائل کے حوالے سے عدالت نے متعلقہ اداروں کو نوٹس جاری کرتے ہوئے جواب طلب کر لیا ہے اور آئندہ سماعت پر تفصیلی رپورٹ پیش کرنے کی ہدایت کی ہے۔ 2025 اپریل 12 کو ہونے والی سماعت میں فریقین کے وکلا نے دلائل دیے۔ شہر کے مختلف علاقوں میں بجلی اور پانی کی فراہمی کا مسئلہ برقرار ہے۔ حکام کا کہنا ہے کہ جلد صورتحال بہتر ہو جائے گی۔ کراچی میں شہریوں کو درپیش مسائل کے حوالے سے عدالت نے متعلقہ اداروں کو نوٹس جاری کرتے ہوئے جواب طلب کر لیا ہے اور آئندہ سماعت پر تفصیلی رپورٹ پیش کرنے کی ہدایت کی ہے۔ 2025 اپریل 12 کو ہونے والی سماعت میں فریقین کے وکلا نے دلائل دیے۔ شہر کے مختلف علاقوں میں بجلی اور پانی کی فراہمی کا مسئلہ برقرار ہے۔ حکام کا کہنا ہے کہ جلد صورتحال بہتر ہو جائے گی۔ کراچی میں شہریوں کو درپیش مسائل کے حوالے سے عدالت نے متعلقہ اداروں کو نوٹس جاری کرتے ہوئے جواب طلب کر لیا ہے اور آئندہ سماعت پر تفصیلی رپورٹ پیش کرنے کی ہدایت کی ہے۔ 2025 اپریل 12 کو ہونے والی سماعت میں فریقین کے وکلا نے دلائل دیے۔ شہر کے مختلف علاقوں میں بجلی
خبر 14
کھیل
کراچی میں شہریوں کو درپیش مسائل کے حوالے سے عدالت نے متعلقہ اداروں کو نوٹس جاری کرتے ہوئے جواب طلب کر لیا ہے اور آئندہ سماعت پر تفصیلی رپورٹ پیش کرنے کی ہدایت کی ہے۔ 2025 اپریل 12 کو ہونے والی سماعت میں فریقین کے وکلا نے دلائل دیے۔ شہر کے مختلف علاقوں میں بجلی اور پانی کی فراہمی کا مسئلہ برقرار ہے۔ حکام کا کہنا ہے کہ جلد صورتحال بہتر ہو جائے گی۔ کراچی میں شہریوں کو درپیش مسائل کے حوالے سے عدالت نے متعلقہ اداروں کو نوٹس جاری کرتے ہوئے جواب طلب کر لیا ہے اور آئندہ سماعت پر تفصیلی رپورٹ پیش کرنے کی ہدایت کی ہے۔ 2025 اپریل 12 کو ہونے والی سماعت میں فریقین کے وکلا نے دلائل دیے۔ شہر کے مختلف علاقوں میں بجلی اور پانی کی فراہمی کا مسئلہ برقرار ہے۔ حکام کا کہنا ہے کہ جلد صورتحال بہتر ہو جائے گی۔ کراچی میں شہریوں کو درپیش مسائل کے حوالے سے عدالت نے متعلقہ اداروں کو نوٹس جاری کرتے ہوئے جواب طلب کر لیا ہے اور آئندہ سماعت پر تفصیلی رپورٹ پیش کرنے کی ہدایت کی ہے۔ 2025 اپریل 12 کو ہونے والی سماعت میں فریقین کے وکلا نے دلائل دیے۔ شہر کے مختلف علاقوں میں بجلی اور پانی کی فراہمی کا مسئلہ برقرار ہے۔ حکام کا کہنا ہے کہ جلد صورتحال بہتر ہو جائے گی۔ کراچی میں شہریوں کو درپیش مسائل کے حوالے سے عدالت نے متعلقہ اداروں کو نوٹس جاری کرتے ہوئے جواب طلب کر لیا ہے اور آئندہ سماعت پر تفصیلی رپورٹ پیش کرنے کی ہدایت کی ہے۔ 2025 اپریل 12 کو ہونے والی سماعت میں فریقین کے وکلا نے دلائل دیے۔ شہر کے مختل
خبر 15
تجارت
کراچی میں شہریوں کو درپیش مسائل کے حوالے سے عدالت نے متعلقہ اداروں کو نوٹس جاری کرتے ہوئے جواب طلب کر لیا ہے اور آئندہ سماعت پر تفصیلی رپورٹ پیش کرنے کی ہدایت کی ہے۔ 2025 اپریل 12 کو ہونے والی سماعت میں فریقین کے وکلا نے دلائل دیے۔ شہر کے مختلف علاقوں میں بجلی اور پانی کی فراہمی کا مسئلہ برقرار ہے۔ حکام کا کہنا ہے کہ جلد صورتحال بہتر ہو جائے گی۔ کراچی میں شہریوں کو درپیش مسائل کے حوالے سے عدالت نے متعلقہ اداروں کو نوٹس جاری کرتے ہوئے جواب طلب کر لیا ہے اور آئندہ سماعت پر تفصیلی رپورٹ پیش کرنے کی ہدایت کی ہے۔ 2025 اپریل 12 کو ہونے والی سماعت میں فریقین کے وکلا نے دلائل دیے۔ شہر کے مختلف علاقوں میں بجلی اور پانی کی فراہمی کا مسئلہ برقرار ہے۔ حکام کا کہنا ہے کہ جلد صورتحال بہتر ہو جائے گی۔ کراچی میں شہریوں کو درپیش مسائل کے حوالے سے عدالت نے متعلقہ اداروں کو نوٹس جاری کرتے ہوئے جواب طلب کر لیا ہے اور آئندہ سماعت پر تفصیلی رپورٹ پیش کرنے کی ہدایت کی ہے۔ 2025 اپریل 12 کو ہونے والی سماعت میں فریقین کے وکلا نے دلائل دیے۔ شہر کے مختلف علاقوں میں بجلی اور پانی کی فراہمی کا مسئلہ برقرار ہے۔ حکام کا کہنا ہے کہ جلد صورتحال بہتر ہو جائے گی۔ کراچی میں شہریوں کو درپیش مسائل کے حوالے سے عدالت نے متعلقہ اداروں کو نوٹس جاری کرتے ہوئے جواب طلب کر لیا ہے اور آئندہ سماعت پر تفصیلی رپورٹ پیش کرنے کی ہدایت کی ہے۔ 2025 اپریل 12 کو ہونے والی سماعت میں فریقین کے وکلا نے دلائل دیے۔ شہر کے مختلف علاقوں میں بجلی اور پانی کی فراہمی کا مسئلہ برقرار ہے۔ حکام کا کہنا ہے کہ جلد صورتحال بہتر ہو جائے گی۔ کراچی میں شہریوں کو درپیش مسائل کے حوالے سے عدالت نے متعلقہ اداروں کو نوٹس جاری کرتے
خبر 16
صحت
کراچی میں شہریوں کو درپیش مسائل کے حوالے سے عدالت نے متعلقہ اداروں کو نوٹس جاری کرتے ہوئے جواب طلب کر لیا ہے اور آئندہ سماعت پر تفصیلی رپورٹ پیش کرنے کی ہدایت کی ہے۔ 2025 اپریل 12 کو ہونے والی سماعت میں فریقین کے وکلا نے دلائل دیے۔ شہر کے مختلف علاقوں میں بجلی اور پانی کی فراہمی کا مسئلہ برقرار ہے۔ حکام کا کہنا ہے کہ جلد صورتحال بہتر ہو جائے گی۔ کراچی میں شہریوں کو درپیش مسائل کے حوالے سے عدالت نے متعلقہ اداروں کو نوٹس جاری کرتے ہوئے جواب طلب کر لیا ہے اور آئندہ سماعت پر تفصیلی رپورٹ پیش کرنے کی ہدایت کی ہے۔ 2025 اپریل 12 کو ہونے والی سماعت میں فریقین کے وکلا نے دلائل دیے۔ شہر کے مختلف علاقوں میں بجلی اور پانی کی فراہمی کا مسئلہ برقرار ہے۔ حکام کا کہنا ہے کہ جلد صورتحال بہتر ہو جائے گی۔ کراچی میں شہریوں کو درپیش مسائل کے حوالے سے عدالت نے متعلقہ اداروں کو نوٹس جاری کرتے ہوئے جواب طلب کر لیا ہے اور آئندہ سماعت پر تفصیلی رپورٹ پیش کرنے کی ہدایت کی ہے۔ 2025 اپریل 12 کو ہونے والی سماعت میں فریقین کے وکلا نے دلائل دیے۔ شہر کے مختلف علا
خبر 17
بلدیات
کراچی میں شہریوں کو درپیش مسائل کے حوالے سے عدالت نے متعلقہ اداروں کو نوٹس جاری کرتے ہوئے جواب طلب کر لیا ہے اور آئندہ سماعت پر تفصیلی رپورٹ پیش کرنے کی ہدایت کی ہے۔ 2025 اپریل 12 کو ہونے والی سماعت میں فریقین کے وکلا نے دلائل دیے۔ شہر کے مختلف علاقوں میں بجلی اور پانی کی فراہمی کا مسئلہ برقرار ہے۔ حکام کا کہنا ہے کہ جلد صورتحال بہتر ہو جائے گی۔ کراچی میں شہریوں کو درپیش مسائل کے حوالے سے عدالت نے متعلقہ اداروں کو نوٹس جاری کرتے ہوئے جواب طلب کر لیا ہے اور آئندہ سماعت پر تفصیلی رپورٹ پیش کرنے کی ہدایت کی ہے۔ 2025 اپریل 12 کو ہونے والی سماعت میں فریقین کے وکلا نے دلائل دیے۔ شہر کے مختلف علاقوں میں بجلی اور پانی کی فراہمی کا مسئلہ برقرار ہے۔ حکام کا کہنا ہے کہ جلد صورتحال بہتر ہو جائے گی۔ کراچی میں شہریوں کو درپیش مسائل کے حوالے سے عدالت نے متعلقہ اداروں کو نوٹس جاری کرتے ہوئے جواب طلب کر لیا ہے اور آئندہ سماعت پر تفصیلی رپورٹ پیش کرنے کی ہدایت کی ہے۔ 2025 اپریل 12 کو ہونے والی سماعت میں فریقین کے وکلا نے دلائل دیے۔ شہر کے مختلف علاقوں میں بجلی اور پانی کی فراہمی کا مسئلہ برقرار ہے۔ حکام کا کہنا ہے کہ جلد صورتحال بہتر ہو جائے گی۔ کراچی میں شہریوں کو درپیش مسائل کے حوالے سے عدالت نے متعلقہ اداروں کو نوٹس جاری کرتے ہوئے جواب طلب کر لیا ہے اور آئندہ سماعت پر تفصیلی رپورٹ پیش کرنے کی ہدایت کی ہے۔ 2025 اپریل 12 کو ہونے والی سماعت میں فریقین کے وکلا نے دلائل دیے۔ شہر کے مختلف علاقوں میں بجلی اور پانی کی فراہمی کا مسئلہ برقرار ہے۔ حکام کا کہنا ہے کہ جلد صورتحال بہتر ہو جائے گی۔ کراچی میں
خبر 9
غزہ کی صورتحال
کراچی میں شہریوں کو درپیش مسائل کے حوالے سے عدالت نے متعلقہ اداروں کو نوٹس جاری کرتے ہوئے جواب طلب کر لیا ہے اور آئندہ سماعت پر تفصیلی رپورٹ پیش کرنے کی ہدایت کی ہے۔ 2025 اپریل 12 کو ہونے والی سماعت میں فریقین کے وکلا نے دلائل دیے۔ شہر کے مختلف علاقوں میں بجلی اور پانی کی فراہمی کا مسئلہ برقرار ہے۔ حکام کا کہنا ہے کہ جلد صورتحال بہتر ہو جائے گی۔ کراچی میں شہریوں کو درپیش مسائل کے حوالے سے عدالت نے متعلقہ اداروں کو نوٹس جاری کرتے ہوئے جواب طلب کر لیا ہے اور آئندہ سماعت پر تفصیلی رپورٹ پیش کرنے کی ہدایت کی ہے۔ 2025 اپریل 12 کو ہونے والی سماعت میں فریقین کے وکلا نے دلائل دیے۔ شہر کے مختلف علاقوں میں بجلی اور پانی کی فراہمی کا مسئلہ برقرار ہے۔ حکام کا کہنا ہے کہ جلد صورتحال بہتر ہو جائے گی۔ کراچی میں شہریوں کو درپیش مسائل کے حوالے سے عدالت نے متعلقہ اداروں کو نوٹس جاری کرتے ہوئے جواب طلب کر لیا ہے اور آئندہ سماعت پر تفصیلی ر
خبر 10
عدالت
کراچی میں شہریوں کو درپیش مسائل کے حوالے سے عدالت نے متعلقہ اداروں کو نوٹس جاری کرتے ہوئے جواب طلب کر لیا ہے اور آئندہ سماعت پر تفصیلی رپورٹ پیش کرنے کی ہدایت کی ہے۔ 2025 اپریل 12 کو ہونے والی سماعت میں فریقین کے وکلا نے دلائل دیے۔ شہر کے مختلف علاقوں میں بجلی اور پانی کی فراہمی کا مسئلہ برقرار ہے۔ حکام کا کہنا ہے کہ جلد صورتحال بہتر ہو جائے گی۔ کراچی میں شہریوں کو درپیش مسائل کے حوالے سے عدالت نے متعلقہ اداروں کو نوٹس جاری کرتے ہوئے جواب طلب کر لیا ہے اور آئندہ سماعت پر تفصیلی رپورٹ پیش کرنے کی ہدایت کی ہے۔ 2025 اپریل 12 کو ہونے والی سماعت میں فریقین کے وکلا نے دلائل دیے۔ شہر کے مختلف علاقوں میں بجلی اور پانی کی فراہمی کا مسئلہ برقرار ہے۔ حکام کا کہنا ہے کہ جلد صورتحال بہتر ہو جائے گی۔ کراچی میں شہریوں کو درپیش مسائل کے حوالے سے عدالت نے متعلقہ اداروں کو نوٹس جاری کرتے ہوئے جواب طلب کر لیا ہے اور آئندہ سماعت پر تفصیلی رپورٹ پیش کرنے کی ہدایت کی ہے۔ 2025 اپریل 12 کو ہونے والی سماعت میں فریقین کے وکلا نے دلائل دیے۔ شہر کے مختلف علاقوں میں بجلی اور پانی کی فراہمی کا مسئلہ برقرار ہے۔ حکام کا کہنا ہے کہ جلد صورتحال بہتر ہو جائے گی۔ کراچی میں شہریوں کو درپیش مسائل کے حوالے سے عدالت نے متعلقہ اداروں کو نوٹس جاری کرتے ہوئے جواب طلب کر لیا ہے اور آئندہ سماعت پر تفصیلی رپورٹ پیش کرنے کی ہدایت کی ہے۔ 2025 اپریل 12 کو ہونے والی سماعت میں فریقین کے وکلا نے دلائل دیے۔ شہر کے مختلف علاقوں میں بجلی اور پانی کی فراہمی کا مسئلہ برقرار ہے۔ حکام کا کہنا ہے کہ جلد صورتحال بہتر ہو جائے گی۔ کراچی میں شہریوں کو درپیش مسائل کے حوالے سے عدالت نے متعلقہ اداروں کو نوٹس جاری کرتے ہوئے جواب طلب کر لیا ہے اور آئندہ سماعت پر تفصیلی رپورٹ پیش کرنے کی ہدایت کی ہے۔ 2025 اپریل 12 کو ہونے والی سماعت میں فریقین کے وکلا نے دلائل دیے۔ شہر کے مختلف علاقوں میں بجلی اور پانی کی فراہمی کا مسئلہ برقرار ہے۔ حکام کا کہنا ہے کہ جلد صورتحال بہتر ہو جائے گی۔ ک
خبر 11
تعلیم
کراچی میں شہریوں کو درپیش مسائل کے حوالے سے عدالت نے متعلقہ اداروں کو نوٹس جاری کرتے ہوئے جواب طلب کر لیا ہے اور آئندہ سماعت پر تفصیلی رپورٹ پیش کرنے کی ہدایت کی ہے۔ 2025 اپریل 12 کو ہونے والی سماعت میں فریقین کے وکلا نے دلائل دیے۔ شہر کے مختلف علاقوں میں بجلی اور پانی کی فراہمی کا مسئلہ برقرار ہے۔ حکام کا کہنا ہے کہ جلد صورتحال بہتر ہو جائے گی۔ کراچی میں شہریوں کو درپیش مسائل کے حوالے سے عدالت نے متعلقہ اداروں کو نوٹس جاری کرتے ہوئے جواب طلب کر لیا ہے اور آئندہ سماعت پر تفصیلی رپورٹ پیش کرنے کی ہدایت کی ہے۔ 2025 اپریل 12 کو ہونے والی سماعت میں فریقین کے وکلا نے دلائل دیے۔ شہر کے مختلف علاقوں میں بجلی اور پانی کی فراہمی کا مسئلہ برقرار ہے۔ حکام کا کہنا ہے کہ جلد صورتحال بہتر ہو جائے گی۔ کراچی میں شہریوں کو درپیش مسائل کے حوالے سے عدالت نے متعلقہ اداروں کو نوٹس جاری کرتے ہوئے جواب طلب کر لیا ہے اور آئندہ سماعت پر تفصیلی رپورٹ پیش کرنے کی ہدایت کی ہے۔ 2025 اپریل 12 کو ہونے والی سماعت میں فریقین کے وکلا نے دلائل دیے۔ شہر کے مختلف علاقوں میں بجلی اور پانی کی فراہمی کا مسئلہ برقرار ہے۔ حکام کا کہنا ہے کہ جلد صورتحال بہتر ہو جائے گی۔ کراچی میں شہریوں کو درپیش مسائل کے حوالے سے عدالت نے متعلقہ اداروں کو نوٹس جاری کرتے ہوئے جواب طلب کر لیا ہے اور آئندہ سماعت پر تفصیلی رپورٹ پیش کرنے کی ہدایت کی ہے۔ 2025 اپریل 12 کو ہونے والی سماعت میں فریقین کے وکلا نے دلائل دیے۔ شہر کے مختلف علاقوں میں بجلی اور پانی کی فراہمی کا مسئلہ برقرار ہے۔ حکام کا کہنا ہے کہ جلد صورتحال بہتر ہو جائے گی۔ کراچی میں شہریوں کو درپیش مسائل کے حوالے سے عدالت نے متعلقہ اداروں کو نوٹس جاری کرتے ہوئے جواب طلب کر لیا ہے اور آئندہ سماعت پر تفصیلی رپورٹ پیش کرنے کی ہدایت کی ہے۔ 2025 اپریل 12 کو ہونے والی سماعت میں فریقین کے وکلا نے دلائل دیے۔ شہر کے مختلف علاقوں میں بجلی اور پان
خبر 12
پانی کا مسئلہ
کراچی میں شہریوں کو درپیش مسائل کے حوالے سے عدالت نے متعلقہ اداروں کو نوٹس جاری کرتے ہوئے جواب طلب کر لیا ہے اور آئندہ سماعت پر تفصیلی رپورٹ پیش کرنے کی ہدایت کی ہے۔ 2025 اپریل 12 کو ہونے والی سماعت میں فریقین کے وکلا نے دلائل دیے۔ شہر کے مختلف علاقوں میں بجلی اور پانی کی فراہمی کا مسئلہ برقرار ہے۔ حکام کا کہنا ہے کہ جلد صورتحال بہتر ہو جائے گی۔ کراچی میں شہریوں کو درپیش مسائل کے حوالے سے عدالت نے متعلقہ اداروں کو نوٹس جاری کرتے ہوئے جواب طلب کر لیا ہے اور آئندہ سماعت پر تفصیلی رپورٹ پیش کرنے کی ہدایت کی ہے۔ 2025 اپریل 12 کو ہونے والی سماعت میں فریقین کے وکلا نے دلائل دیے۔ شہر کے مختلف علاقوں میں بجلی اور پانی کی فراہمی کا مسئلہ برقرار ہے۔ حکام کا کہنا ہے کہ جلد صورتحال بہتر ہو جائے گی۔ کراچی میں شہریوں کو درپیش مسائل کے حوالے سے عدالت نے متعلقہ اداروں کو نوٹس جاری کرتے ہوئے جواب طلب کر لیا ہے اور آئندہ سماعت پر تفصیلی رپورٹ پیش کرنے کی ہدایت کی ہے۔ 2025 اپریل 12 کو ہونے والی سماعت میں فریقین کے وکلا نے دلائل دیے۔ شہر کے مختلف علاقوں میں بجلی اور پانی کی فراہمی کا مسئلہ برقرار ہے۔ حکام کا کہنا ہے کہ جلد صورتحال بہتر ہو جائے گی۔ کراچی میں شہریوں کو درپیش مسائل کے حوالے سے عدالت نے متعلقہ اداروں کو نوٹس جاری کرتے ہوئے جواب طلب کر لیا ہے اور آئندہ سماعت پر تفصیلی رپورٹ پیش کرنے کی ہدایت کی ہے۔ 2025 اپریل 12
خبر 13
امن و امان
کراچی میں شہریوں کو درپیش مسائل کے حوالے سے عدالت نے متعلقہ اداروں کو نوٹس جاری کرتے ہوئے جواب طلب کر لیا ہے اور آئندہ سماعت پر تفصیلی رپورٹ پیش کرنے کی ہدایت کی ہے۔ 2025 اپریل 12 کو ہونے والی سماعت میں فریقین کے وکلا نے دلائل دیے۔ شہر کے مختلف علاقوں میں بجلی اور پانی کی فراہمی کا مسئلہ برقرار ہے۔ حکام کا کہنا ہے کہ جلد صورتحال بہتر ہو جائے گی۔ کراچی میں شہریوں کو درپیش مسائل کے حوالے سے عدالت نے متعلقہ اداروں کو نوٹس جاری کرتے ہوئے جواب طلب کر لیا ہے اور آئندہ سماعت پر تفصیلی رپورٹ پیش کرنے کی ہدایت کی ہے۔ 2025 اپریل 12 کو ہونے والی سماعت میں فریقین کے وکلا نے دلائل دیے۔ شہر کے مختلف علاقوں میں بجلی اور پانی کی فراہمی کا مسئلہ برقرار ہے۔ حکام کا کہنا ہے کہ جلد صورتحال بہتر ہو جائے گی۔ کراچی میں شہریوں کو درپیش مسائل کے حوالے سے عدالت نے متعلقہ اداروں کو نوٹس جاری کرتے ہوئے جواب طلب کر لیا ہے اور آئندہ سماعت پر تفصیلی رپورٹ پیش کرنے کی ہدایت کی ہے۔ 2025 اپریل 12 کو ہونے والی سماعت میں فریقین کے وکلا نے دلائل دیے۔ شہر کے مختلف علاقوں میں بجلی اور پانی کی فراہمی کا مسئلہ برقرار ہے۔ حکام کا کہنا ہے کہ جلد صورتحال بہتر ہو جائے گی۔ کراچی میں شہریوں کو درپیش مسائل کے حوالے سے عدالت نے متعلقہ اداروں کو نوٹس جاری کرتے ہوئے جواب طلب کر لیا ہے اور آئندہ سماعت پر تفصیلی رپورٹ پیش کرنے کی ہدایت کی ہے۔ 2025 اپریل 12 کو ہونے والی سماعت میں فریقین کے وکلا نے دلائل دیے۔ شہر کے مختلف علاقوں میں بجلی اور پانی کی فراہمی کا مسئلہ برقرار ہے۔ حکام کا کہنا ہے کہ جلد صورتحال بہتر ہو جائے گی۔ کراچی میں شہریوں کو درپیش مسائل کے حوالے سے عدالت نے متعلقہ اداروں کو نوٹس جاری کرتے ہوئے جواب طلب کر لیا ہے اور آئندہ سماعت پر تفصیلی رپورٹ پیش کرنے کی ہدایت کی ہے۔ 2025 اپریل 12 کو ہونے والی سماعت میں فریقین کے وکلا نے دلائل دیے۔ شہر کے مختلف علاقوں میں بجلی اور پانی کی فراہمی کا مسئلہ برقرار ہے۔ حکام کا کہنا ہے کہ جلد صورتحال بہتر ہو جائے گی۔ کراچی میں شہریوں کو درپیش مسائل کے حوالے سے عدالت نے متعلقہ اداروں کو نوٹس جاری کرتے ہوئے جواب طلب کر لیا ہے اور آئندہ سماعت پر تفصیلی رپورٹ پیش کرنے کی ہدایت کی ہے۔ 2025 اپریل 12 کو ہونے والی سماعت میں فریقین کے وکلا نے دلائل دیے۔ شہر کے مختلف علاقوں میں بجلی اور پانی کی فراہمی کا مسئلہ برقرار ہے۔ حکام کا کہنا ہے کہ جلد صورتحال بہتر ہو جائے گی۔ کراچی میں شہریوں کو درپیش مسائل کے حوالے سے عدالت نے متعلقہ اداروں کو نوٹس جاری کرتے ہوئے جواب طلب کر لیا ہے اور آئندہ سماعت پر تفصیلی رپورٹ پیش کرنے کی ہدایت کی ہ
کراچی میں شہریوں کو درپیش مسائل کے حوالے سے عدالت نے متعلقہ اداروں کو نوٹس جاری کرتے ہوئے جواب طلب کر لیا ہے اور آئندہ سماعت پر تفصیلی رپورٹ پیش کرنے کی ہدایت کی ہے۔ 2025 اپریل 12 کو ہونے والی سماعت میں فریقین کے وکلا نے دلائل دیے۔ شہر کے مختلف علاقوں میں بجلی اور پانی کی فراہمی کا مسئلہ برقرار ہے۔ حکام کا کہنا ہے کہ جلد صورتحال بہتر ہو جائے گی۔ کراچی میں شہریوں کو درپیش مسائل کے حوالے سے عدالت نے متعلقہ اداروں کو نوٹس جاری کرتے ہوئے جواب طلب کر لیا ہے اور آئندہ سماعت پر تفصیلی رپورٹ پیش کرنے کی ہدایت کی ہے۔ 2025 اپریل 12 کو ہونے والی سماعت میں فریقین کے وکلا نے دلائل دیے۔ شہر کے مختلف علاقوں میں بجلی اور پانی کی فراہمی کا مسئلہ برقرار ہے۔ حکام کا کہنا ہے کہ جلد صورتحال بہتر ہو جائے گی۔ کراچی میں شہریوں کو درپیش مسائل کے حوالے سے عدالت نے متعلقہ اداروں کو نوٹس جاری کرتے ہوئے جواب طلب کر لیا ہے اور آئندہ سماعت پر تفصیلی رپورٹ پیش کرنے کی ہدایت کی ہے۔ 2025 اپریل 12 کو ہونے والی سماعت میں فریقین کے وکلا نے دلائل دیے۔ شہر کے مختلف علاقوں میں بجلی اور پانی کی فراہمی کا مسئلہ برقرار ہے۔ حکام کا کہنا ہے کہ جلد صورتحال بہتر ہو جائے گی۔ کراچی میں شہریوں کو درپیش مسائل کے حوالے سے عدالت نے متعلقہ اداروں کو نوٹس جاری کرتے ہوئے جواب طلب کر لیا ہے اور آئندہ سماعت پر تفصیلی رپورٹ پیش کرنے کی ہدایت کی ہے۔ 2025 اپریل 12 کو ہونے والی سماعت میں فریقین کے وکلا نے دلائل دیے۔ شہر کے مختلف علاقوں میں بجلی اور پانی کی فراہمی کا مسئلہ برقرار ہے۔ حکام کا کہنا ہے کہ جلد صورتحال بہتر ہو جائے گی۔ کراچی میں شہریوں کو درپیش مسائل کے حوالے سے عدالت نے متعلقہ اداروں کو نوٹس جاری
خبر 4
شہر کی خبر
کراچی میں شہریوں کو درپیش مسائل کے حوالے سے عدالت نے متعلقہ اداروں کو نوٹس جاری کرتے ہوئے جواب طلب کر لیا ہے اور آئندہ سماعت پر تفصیلی رپورٹ پیش کرنے کی ہدایت کی ہے۔ 2025 اپریل 12 کو ہونے والی سماعت میں فریقین کے وکلا نے دلائل دیے۔ شہر کے مختلف علاقوں میں بجلی اور پانی کی فراہمی کا مسئلہ برقرار ہے۔ حکام کا کہنا ہے کہ جلد صورتحال بہتر ہو جائے گی۔ کراچی میں شہریوں کو درپیش مسائل کے حوالے سے عدالت نے متعلقہ اداروں کو نوٹس جاری کرتے ہوئے جواب طلب کر لیا ہے اور آئندہ سماعت پر تفصیلی رپورٹ پیش کرنے کی ہدایت کی ہے۔ 2025 اپریل 12 کو ہونے والی سماعت
خبر 5
کراچی
کراچی میں شہریوں کو درپیش مسائل کے حوالے سے عدالت نے متعلقہ اداروں کو نوٹس جاری کرتے ہوئے جواب طلب کر لیا ہے اور آئندہ سماعت پر تفصیلی رپورٹ پیش کرنے کی ہدایت کی ہے۔ 2025 اپریل 12 کو ہونے والی سماعت میں فریقین کے وکلا نے دلائل دیے۔ شہر کے مختلف علاقوں میں بجلی اور پانی کی فراہمی کا مسئلہ برقرار ہے۔ حکام کا کہنا ہے کہ جلد صورتحال بہتر ہو جائے گی۔ کراچی میں شہریوں کو درپیش مسائل کے حوالے سے عدالت نے متعلقہ اداروں کو نوٹس جاری کرتے ہوئے جواب طلب کر لیا ہے اور آئندہ سماعت پر تفصیلی رپورٹ پیش کرنے کی ہدایت کی ہے۔ 2025 اپریل 12 کو ہونے والی سماعت میں فریقین کے وکلا نے دلائل دیے۔ شہر کے مختلف علاقوں میں بجلی اور پانی کی فراہمی کا مسئلہ برقرار ہے۔ حکام کا کہنا ہے کہ جلد صورتحال بہتر ہو جائے گی۔ کراچی میں شہریوں کو درپیش مسائل کے حوالے سے عدالت نے متعلقہ اداروں کو نوٹس جاری کرتے ہوئے جواب طلب کر لیا ہے اور آئندہ سماعت پر تفصیلی رپورٹ پیش کرنے کی ہدایت کی ہے۔ 2025 اپریل 12 کو ہونے والی سماعت میں فریقین کے وکلا نے دلائل دیے۔ شہر کے مختلف علاقوں میں بجلی اور پانی کی فراہمی کا مسئلہ برقرار ہے۔ حکام کا کہنا ہے کہ جلد صورتحال بہتر ہو جائے گی۔ کراچی میں شہریوں کو درپیش مسائل کے حوالے سے عدالت نے متعلقہ اداروں کو نوٹس جاری کرتے ہوئے جواب طلب کر لیا ہے اور آئندہ سماعت پر تفصیلی رپورٹ پیش کرنے کی ہدایت کی ہے۔ 2025 اپریل 12 کو ہونے والی سماعت میں فریقین کے وکلا نے دلائل دیے۔ شہر کے مختلف علاقوں میں بجلی اور پانی کی فراہمی کا مسئلہ برقرار ہے۔ حکام کا کہنا ہے کہ جلد صورتحال بہتر ہو جائے گی۔ کراچی میں شہریوں کو درپیش مسائل کے حوالے سے عدالت نے متعلقہ اداروں کو نوٹس جاری کرتے ہوئے جواب طلب کر لیا ہے اور آئندہ سماعت پر تفصیلی رپورٹ پیش کرنے کی ہدایت کی ہے۔ 2025 اپریل 12 کو ہونے والی سماعت میں فریقین کے وکلا نے دلائل دیے۔ شہر کے مختلف علاقوں میں بجلی اور پانی کی فراہمی کا مسئلہ برقرار ہے۔ حکام کا کہنا ہے کہ جلد صورتحال بہتر ہو جائے گی۔ کراچی میں شہریوں کو درپیش مسائل کے حوالے سے عدالت نے متعلقہ ادار
خبر 6
بجلی کا بحران
کراچی میں شہریوں کو درپیش مسائل کے حوالے سے عدالت نے متعلقہ اداروں کو نوٹس جاری کرتے ہوئے جواب طلب کر لیا ہے اور آئندہ سماعت پر تفصیلی رپورٹ پیش کرنے کی ہدایت کی ہے۔ 2025 اپریل 12 کو ہونے والی سماعت میں فریقین کے وکلا نے دلائل دیے۔ شہر کے مختلف علاقوں میں بجلی اور پانی کی فراہمی کا مسئلہ برقرار ہے۔ حکام کا کہنا ہے کہ جلد صورتحال بہتر ہو جائے گی۔ کراچی میں شہریوں کو درپیش مسائل کے حوالے سے عدالت نے متعلقہ اداروں کو نوٹس جاری کرتے ہوئے جواب طلب کر لیا ہے اور آئندہ سماعت پر تفصیلی رپورٹ پیش کرنے کی ہدایت کی ہے۔ 2025 اپریل 12 کو ہونے والی سماعت میں فریقین کے وکلا نے دلائل دیے۔ شہر کے مختلف علاقوں میں بجلی اور پانی کی فراہمی کا مسئلہ برقرار ہے۔ حکام کا کہنا ہے کہ جلد صورتحال بہتر ہو جائے گی۔ کراچی میں شہریوں کو درپیش مسائل کے حوالے سے عدالت نے متعلقہ اداروں کو نوٹس جاری کرتے ہوئے جواب طلب کر لیا ہے اور آئندہ سماعت پر تفصیلی رپورٹ پیش کرنے کی ہدایت کی ہے۔ 2025 اپریل 12 کو ہونے والی سماعت میں فریقین کے وکلا نے دلائل دیے۔ شہر کے مختلف علاقوں میں بجلی اور پانی کی فراہمی کا مسئلہ برقرار ہے۔ حکام کا کہنا ہے کہ جلد صورتحال بہتر ہو جائے گی۔ کراچی میں شہریوں کو درپی
خبر 7
سیاسی منظر نامہ
کراچی میں شہریوں کو درپیش مسائل کے حوالے سے عدالت نے متعلقہ اداروں کو نوٹس جاری کرتے ہوئے جواب طلب کر لیا ہے اور آئندہ سماعت پر تفصیلی رپورٹ پیش کرنے کی ہدایت کی ہے۔ 2025 اپریل 12 کو ہونے والی سماعت میں فریقین کے وکلا نے دلائل دیے۔ شہر کے مختلف علاقوں میں بجلی اور پانی کی فراہمی کا مسئلہ برقرار ہے۔ حکام کا کہنا ہے کہ جلد صورتحال بہتر ہو جائے گی۔ کراچی میں شہریوں کو درپیش مسائل کے حوالے سے عدالت نے متعلقہ اداروں کو نوٹس جاری کرتے ہوئے جواب طلب کر لیا ہے اور آئندہ سماعت پر تفصیلی رپورٹ پیش کرنے کی ہدایت کی ہے۔ 2025 اپریل 12 کو ہونے والی سماعت میں فریقین کے وکلا نے دلائل دیے۔ شہر کے
خبر 8
سندھ
کراچی میں شہریوں کو درپیش مسائل کے حوالے سے عدالت نے متعلقہ اداروں کو نوٹس جاری کرتے ہوئے جواب طلب کر لیا ہے اور آئندہ سماعت پر تفصیلی رپورٹ پیش کرنے کی ہدایت کی ہے۔ 2025 اپریل 12 کو ہونے والی سماعت میں فریقین کے وکلا نے دلائل دیے۔ شہر کے مختلف علاقوں میں بجلی اور پانی کی فراہمی کا مسئلہ برقرار ہے۔ حکام کا کہنا ہے کہ جلد صورتحال بہتر ہو جائے گی۔ کراچی میں شہریوں کو درپیش مسائل کے حوالے سے عدالت نے متعلقہ اداروں کو نوٹس جاری کرتے ہوئے جواب طلب کر لیا ہے اور آئندہ سماعت پر تفصیلی رپورٹ پیش کرنے کی ہدایت کی ہے۔ 2025 اپریل 12 کو ہونے والی سماعت میں فریقین کے وکلا نے دلائل دیے۔ شہر کے مختلف علاقوں میں بجلی اور پانی کی فراہمی کا مسئلہ برقرار ہے۔ حکام کا کہنا ہے کہ جلد صورتحال بہتر ہو جائے گی۔ کراچی میں شہریوں کو درپیش مسائل کے حوالے سے عدالت نے متعلقہ اداروں کو نوٹس جاری کرتے ہوئے جواب طلب کر لیا ہے اور آئندہ سماعت پر تفصیلی رپورٹ پیش کرنے کی ہدایت کی ہے۔ 2025 اپریل 12 کو ہونے والی سماعت میں فریقین کے وکلا نے دلائل دیے۔ شہر کے مختلف علاقوں میں بجلی اور پانی کی فراہمی کا مسئلہ برقرار ہے۔ حکام کا کہنا ہے کہ جلد صورتحال بہتر ہو جائے گی۔ کراچی میں شہریوں کو درپیش مسائل کے حوالے سے عدالت نے متعلقہ اداروں کو نوٹس جاری کرتے ہوئے جواب طلب کر لیا ہے اور آئندہ سماعت پر تفصیلی رپورٹ پیش کرنے کی ہدایت کی ہے۔ 2025 اپریل 12 کو ہونے والی سماعت میں فریقین کے وکلا نے دلائل دیے۔ شہر کے مختلف علاقوں میں بجلی اور پانی کی فراہمی کا مسئلہ برقرار ہے۔ حکام کا کہنا ہے کہ جلد صورتحال بہتر ہو جائے گی۔ کراچی میں شہریوں کو درپیش مسائل کے حوالے سے عدالت نے متعلقہ اداروں کو نوٹس جاری کرتے ہوئے جواب طلب کر لیا ہے اور آئندہ سماعت پر تفصیلی رپورٹ پیش کرنے کی ہدایت کی ہے۔ 2025 اپریل 12 کو ہونے والی سماعت میں فریقین کے وکلا نے دلائل دیے۔ شہر کے مختلف علاقوں میں بجلی اور پانی کی فراہمی کا مسئلہ برقرار ہے۔
خبر 1
پاکستان سے
کراچی میں شہریوں کو درپیش مسائل کے حوالے سے عدالت نے متعلقہ اداروں کو نوٹس جاری کرتے ہوئے جواب طلب کر لیا ہے اور آئندہ سماعت پر تفصیلی رپورٹ پیش کرنے کی ہدایت کی ہے۔ 2025 اپریل 12 کو ہونے والی سماعت میں فریقین کے وکلا نے دلائل دیے۔ شہر کے مختلف علاقوں میں بجلی اور پانی کی فراہمی کا مسئلہ برقرار ہے۔ حکام کا کہنا ہے کہ جلد صورتحال بہتر ہو جائے گی۔ کراچی میں شہریوں کو درپیش مسائل کے حوالے سے عدالت نے متعلقہ اداروں کو نوٹس جاری کرتے ہوئے جواب طلب کر لیا ہے اور آئندہ سماعت پر تفصیلی رپورٹ پیش کرنے کی ہدایت کی ہے۔ 2025 اپریل 12 کو ہونے والی سماعت میں فریقین کے وکلا نے دلائل دیے۔ شہر کے مختلف علاقوں میں بجلی اور پانی کی فراہمی کا مسئلہ برقرار ہے۔ حکام کا کہنا ہے کہ جلد صورتحال بہتر ہو جائے گی۔ کراچی میں شہریوں کو درپیش مسائل کے حوالے سے عدالت نے متعلقہ اداروں کو نوٹس جاری کرتے ہوئے جواب طلب کر لیا ہے اور آئندہ سماعت پر تفصیلی رپورٹ پیش کرنے کی ہدایت کی ہے۔ 2025 اپریل 12 کو ہونے والی سماعت میں فریقین کے وکلا نے دلائل دیے۔ شہر کے مختلف علاقوں میں بجلی اور پانی کی فراہمی کا مسئلہ برقرار ہے۔ حکام کا کہنا ہے کہ جلد صورتحال بہتر ہو جائے گی۔ کراچی میں شہریوں کو درپیش مسائل کے حوالے سے عدالت نے متعلقہ اداروں کو نوٹس جاری کرتے ہوئے جواب طلب کر لیا ہے اور آئندہ سماعت پر تفصیلی رپورٹ پیش کرنے کی ہدایت کی ہے۔ 2025 اپریل 12 کو ہونے والی سماعت میں فریقین کے وکلا نے دلائل دیے۔ شہر کے مختلف علاقوں میں بجلی اور پانی کی فراہمی کا مسئلہ برقرار ہے۔ حکام کا کہنا ہے کہ جلد صورتحال بہتر ہو جائے گی۔ کراچی میں شہریوں کو درپیش مسائل کے حوالے سے عدالت نے متعلقہ اداروں کو نوٹس جاری کرتے ہوئے جواب طلب کر لیا ہے اور آئندہ سماعت پر تفصیلی رپورٹ پیش کرنے کی ہدایت کی ہے۔ 2025 اپریل 12 کو ہونے والی سماعت میں فریقین کے وکلا نے دلائل دیے۔ شہر کے مختلف علاقوں میں بجلی اور پانی کی فراہمی کا مسئلہ برقرار ہے۔ حکام کا کہنا ہے کہ جلد صورتحال بہتر ہو جائے گی۔ کراچی میں شہریوں کو درپیش مسائل کے حوالے سے عدالت نے متعلقہ اداروں کو نوٹس جاری کرتے ہوئے جواب طلب کر لیا ہے اور آئندہ سماعت پر تفصیلی رپورٹ پیش کرنے کی ہدایت کی ہے۔ 2025 اپریل 12 کو ہونے والی سماعت میں فریقین کے وکلا نے دلائل دیے۔ شہر کے مختلف علاقوں میں بجلی اور پانی کی فراہمی کا مسئلہ برقرار ہے۔ حکام کا کہنا ہے کہ جلد صورتحال بہتر ہو جائے گی۔ کراچی میں شہریوں کو درپیش مسائل کے حوالے سے عدالت نے متعلقہ اداروں کو نوٹس جاری کرتے ہوئے جواب طلب کر لیا ہے اور آئندہ سماعت پر تفصیلی رپورٹ پیش کرنے کی ہدایت کی ہے۔ 2025 اپریل 12 کو ہونے والی سماعت میں فریقین کے وکلا نے دلائل دیے۔ شہر کے مختلف علاقوں میں بجلی اور پانی کی فراہمی کا مسئلہ برقرار ہے۔ حکام کا کہنا ہے کہ جلد صورتحال بہتر ہو جائے گی۔ کراچی میں شہریوں کو درپیش مسائل کے حوالے سے عدالت نے متعلقہ اداروں کو نوٹس جاری کرتے ہوئے جواب طلب کر لیا ہے اور آئندہ سماعت پر تفصیلی رپورٹ پیش کرنے کی ہدایت کی ہے۔ 2025 اپریل 12 کو ہونے والی سماعت میں فریقین کے وکلا نے دلائل دیے۔ شہر کے مختلف علاقوں میں بجلی اور پانی کی فراہمی کا مسئلہ برقرار ہے۔ حکام کا کہنا ہے کہ جلد صورتحال بہتر ہو جائے گی۔ کراچی میں شہریوں کو درپیش مسائل کے حوالے سے عدالت نے متعلقہ اداروں کو نوٹس جاری کرتے ہوئے جواب طلب کر لیا ہے اور آئندہ سماعت پر تفصیلی رپورٹ پیش کرنے کی ہدایت کی ہے۔ 2025 اپریل 12 کو ہونے والی سماعت میں فریقین کے وکلا نے دلائل دیے۔ شہر کے مختلف علاقوں میں بجلی اور پانی کی فراہمی کا مسئلہ برقرار ہے۔ حکام کا کہنا ہے کہ جلد صورتحال بہتر ہو جائے گی۔ کراچی میں شہریوں کو درپیش مسائل کے حوالے سے عدالت نے متعلقہ اداروں کو نوٹس جاری کرتے ہوئے جواب طلب کر لیا ہے اور آئندہ سماعت پر تفصیلی رپورٹ پیش کرنے کی ہدایت کی ہے۔ 2025 اپریل 12 کو ہونے والی سماعت میں فریقین کے وکلا نے دلائل دیے۔ شہر کے مختلف علاقوں میں بجلی اور پانی کی فراہمی کا مسئلہ برقرار ہے۔ حکام کا کہنا ہے کہ جلد صورتحال بہتر ہو جائے گی۔ کراچی میں شہریوں کو درپیش مسائل کے حوالے سے عدالت نے متعلقہ اداروں کو نوٹس جاری کرتے ہوئے جواب طلب کر لیا ہے اور آئندہ سماعت پر تفصیلی رپورٹ پیش کرنے کی ہدایت کی ہے۔ 2025 اپریل 12 کو ہونے والی سماعت میں فریقین کے وکلا نے دلائل دیے۔ شہر کے مختلف علاقوں میں بجلی اور پانی کی فراہمی کا مسئلہ برقرار ہے۔ حکام کا کہنا ہے کہ جلد صورتحال بہتر ہو جائے گی۔ کراچی میں شہریوں کو درپیش مسائل کے حوالے سے عدالت نے متعلقہ اداروں کو نوٹس جاری کرتے ہوئے جواب طلب کر لیا ہے اور آئندہ سماعت پر تفصیلی رپورٹ پیش کرنے کی ہدایت کی ہے۔ 2025 اپریل 12 کو ہونے والی سماعت میں فریقین کے وکلا نے دلائل دیے۔ شہر کے مختلف علاقوں میں بجلی اور پانی کی فراہمی کا مسئلہ برقرار ہے۔ حکام کا کہنا ہے کہ جلد صورتحال بہتر ہو جائے گی۔ کراچی میں شہریوں کو درپیش مسائل کے حوالے سے عدالت نے متعلقہ اداروں کو نوٹس جاری کرتے ہوئے جواب طلب کر لیا ہے اور آئندہ سماعت پر تفصیلی رپورٹ پیش کرنے کی ہدایت کی ہے۔ 2025 اپریل 12 کو ہونے والی سماعت میں فریقین کے وکلا نے دلائل دیے۔ شہ
خبر 2
ملک کی صورتحال
کراچی میں شہریوں کو درپیش مسائل کے حوالے سے عدالت نے متعلقہ اداروں کو نوٹس جاری کرتے ہوئے جواب طلب کر لیا ہے اور آئندہ سماعت پر تفصیلی رپورٹ پیش کرنے کی ہدایت کی ہے۔ 2025 اپریل 12 کو ہونے والی سماعت میں فریقین کے وکلا نے دلائل دیے۔ شہر کے مختلف علاقوں میں بجلی اور پانی کی فراہمی کا مسئلہ برقرار ہے۔ حکام کا کہنا ہے کہ جلد صورتحال بہتر ہو جائے گی۔ کراچی میں شہریوں کو درپیش مسائل کے حوالے سے عدالت نے متعلقہ اداروں کو نوٹس جاری کرتے ہوئے جواب طلب کر لیا ہے اور آئندہ سماعت پر تفصیلی رپورٹ پیش کرنے کی ہدایت کی ہے۔ 2025 اپریل 12 کو ہونے والی سماعت میں فریقین کے وکلا نے دلائل دیے۔ شہر کے مختلف علاقوں میں بجلی اور پانی کی فراہمی کا مسئلہ برقرار ہے۔ حکام کا کہنا ہے کہ جلد صورتحال بہتر ہو جائے گی۔ کراچی میں شہریوں کو درپیش مسائل کے حوالے سے عدالت نے متعلقہ اداروں کو نوٹس جاری کرتے ہوئے جواب طلب کر لیا ہے اور آئندہ سماعت پر تفصیلی رپورٹ پیش کرنے کی ہدایت کی ہے۔ 2025 اپریل 12 کو ہونے والی سماعت میں فریقین کے وکلا نے دلائل دیے۔ شہر کے مختلف علاقوں میں بجلی اور پانی کی فراہمی کا مسئلہ برقرار ہے۔ حکام کا کہنا ہے کہ جلد صورتحال بہتر ہو جائے گی۔ کراچی میں شہریوں کو درپیش مسائل کے حوالے سے عدالت نے متعلقہ اداروں کو نوٹس جاری کرتے ہوئے جواب طلب کر لیا ہے اور آئندہ سماعت پر تفصیلی رپورٹ پیش کرنے کی ہدایت کی ہے۔ 2025 اپریل 12 کو ہونے والی سماعت میں فریقین کے وکلا نے دلائل دیے۔ شہر کے مختلف علاقوں میں بجلی اور پانی کی فراہمی کا مسئلہ برقرار ہے۔ حکام کا کہنا ہے کہ جلد صورتحال بہتر ہو جائے گی۔ کراچی میں شہریوں کو درپیش مسائل کے حوالے سے عدالت نے متعلقہ اداروں کو نوٹس جاری کرتے ہوئے جواب طلب کر لیا ہے اور آئندہ سماعت پر تفصیلی رپورٹ پیش کرنے کی ہدایت کی ہے۔ 2025 اپریل 12 کو ہونے والی سماعت میں فریقین کے وکلا نے دلائل دیے۔ شہر کے مختلف علاقوں میں بجلی اور پانی کی فراہمی کا مسئلہ برقرار ہے۔ حکام کا کہنا ہے کہ جلد صورتحال بہتر ہو جائے گی۔ کراچی میں شہریوں کو درپیش مسائل کے حوالے سے عدالت نے متعلقہ اداروں کو نوٹس جاری کرتے ہوئے جواب طلب کر لیا ہے اور آئندہ سماعت پر تفصیلی رپورٹ پیش کرنے کی ہدایت کی ہے۔ 2025 اپریل 12 کو ہونے والی سماعت میں فریقین کے وکلا نے دلائل دیے۔ شہر کے مختلف علاقوں میں بجلی اور پانی کی فراہمی کا مسئلہ برقرار ہے۔ حکام کا کہنا ہے کہ جلد صورتحال بہتر ہو جائے گی۔ کراچی میں شہریوں کو درپیش مسائل کے حوالے سے عدالت نے متعلقہ اداروں کو نوٹس جاری کرتے ہوئے جواب طلب کر لیا ہے اور آئندہ سماعت پر تفصیلی رپورٹ پیش کرنے کی ہدایت کی ہے۔ 2025 اپریل 12 کو ہونے والی سماعت میں فریقین کے وکلا نے دلائل دیے۔ شہر کے مختلف علاقوں میں بجلی اور پانی کی فراہمی کا مسئلہ برقرار ہے۔ حکام کا کہنا ہے کہ جلد صورتحال بہتر ہو جائے گی۔ کراچی میں شہریوں کو درپیش مسائل کے حوالے سے عدالت نے متعلقہ اداروں کو نوٹس جاری کرتے ہوئے جواب طلب کر لیا ہے اور آئندہ س
خبر 3
پاکستان
کراچی میں شہریوں کو درپیش مسائل کے حوالے سے عدالت نے متعلقہ اداروں کو نوٹس جاری کرتے ہوئے جواب طلب کر لیا ہے اور آئندہ سماعت پر تفصیلی رپورٹ پیش کرنے کی ہدایت کی ہے۔ 2025 اپریل 12 کو ہونے والی سماعت میں فریقین کے وکلا نے دلائل دیے۔ شہر کے مختلف علاقوں میں بجلی اور پانی کی فراہمی کا مسئلہ برقرار ہے۔ حکام کا کہنا ہے کہ جلد صورتحال بہتر ہو جائے گی۔ کراچی میں شہریوں کو درپیش مسائل کے حوالے سے عدالت نے متعلقہ اداروں کو نوٹس جاری کرتے ہوئے جواب طلب کر لیا ہے اور آئندہ سماعت پر تفصیلی رپورٹ پیش کرنے کی ہدایت کی ہے۔ 2025 اپریل 12 کو ہونے والی سماعت میں فریقین کے وکلا نے دلائل دیے۔ شہر کے مختلف علاقوں میں بجلی اور پانی کی فراہمی کا مسئلہ برقرار ہے۔ حکام کا کہنا ہے کہ جلد صورتحال بہتر ہو جائے گی۔ کراچی میں شہریوں کو درپیش مسائل کے حوالے سے عدالت نے متعلقہ اداروں کو نوٹس جاری
